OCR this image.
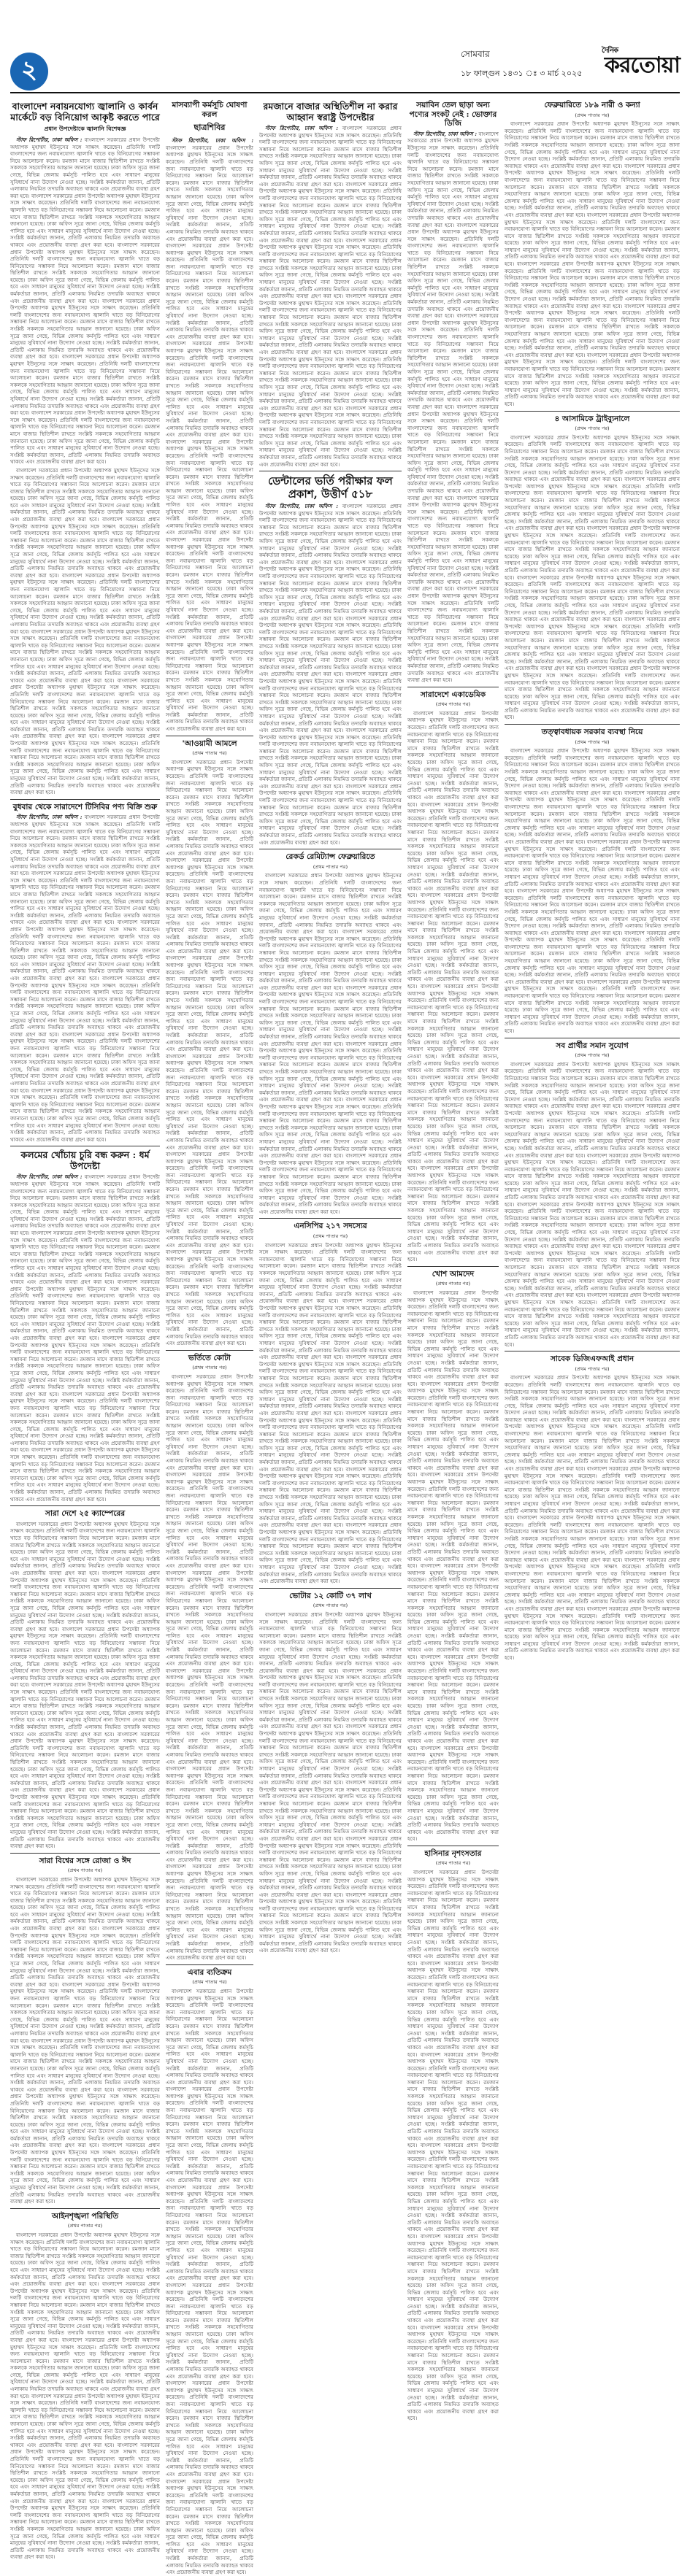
২
সোমবার
১৮ ফাল্গুন ১৪৩১ ঃ ৩ মার্চ ২০২৫
দৈনিক
করতোয়া
বাংলাদেশ নবায়নযোগ্য জ্বালানি ও কার্বন মার্কেটে বড় বিনিয়োগ আকৃষ্ট করতে পারে
প্রধান উপদেষ্টাকে জ্বালানি বিশেষজ্ঞ

স্টাফ রিপোর্টার, ঢাকা অফিস : বাংলাদেশ সরকারের প্রধান উপদেষ্টা অধ্যাপক মুহাম্মদ ইউনূসের সঙ্গে সাক্ষাৎ করেছেন। প্রতিনিধি দলটি বাংলাদেশের জন্য নবায়নযোগ্য জ্বালানি খাতে বড় বিনিয়োগের সম্ভাবনা নিয়ে আলোচনা করেন। রমজান মাসে বাজার স্থিতিশীল রাখতে সংশ্লিষ্ট সকলকে সহযোগিতার আহ্বান জানানো হয়েছে। ঢাকা অফিস সূত্রে জানা গেছে, বিভিন্ন জেলায় কর্মসূচি পালিত হবে এবং সাধারণ মানুষের সুবিধার্থে নানা উদ্যোগ নেওয়া হচ্ছে। সংশ্লিষ্ট কর্মকর্তারা জানান, প্রতিটি এলাকায় নিয়মিত তদারকি অব্যাহত থাকবে এবং প্রয়োজনীয় ব্যবস্থা গ্রহণ করা হবে। বাংলাদেশ সরকারের প্রধান উপদেষ্টা অধ্যাপক মুহাম্মদ ইউনূসের সঙ্গে সাক্ষাৎ করেছেন। প্রতিনিধি দলটি বাংলাদেশের জন্য নবায়নযোগ্য জ্বালানি খাতে বড় বিনিয়োগের সম্ভাবনা নিয়ে আলোচনা করেন। রমজান মাসে বাজার স্থিতিশীল রাখতে সংশ্লিষ্ট সকলকে সহযোগিতার আহ্বান জানানো হয়েছে। ঢাকা অফিস সূত্রে জানা গেছে, বিভিন্ন জেলায় কর্মসূচি পালিত হবে এবং সাধারণ মানুষের সুবিধার্থে নানা উদ্যোগ নেওয়া হচ্ছে। সংশ্লিষ্ট কর্মকর্তারা জানান, প্রতিটি এলাকায় নিয়মিত তদারকি অব্যাহত থাকবে এবং প্রয়োজনীয় ব্যবস্থা গ্রহণ করা হবে। বাংলাদেশ সরকারের প্রধান উপদেষ্টা অধ্যাপক মুহাম্মদ ইউনূসের সঙ্গে সাক্ষাৎ করেছেন। প্রতিনিধি দলটি বাংলাদেশের জন্য নবায়নযোগ্য জ্বালানি খাতে বড় বিনিয়োগের সম্ভাবনা নিয়ে আলোচনা করেন। রমজান মাসে বাজার স্থিতিশীল রাখতে সংশ্লিষ্ট সকলকে সহযোগিতার আহ্বান জানানো হয়েছে। ঢাকা অফিস সূত্রে জানা গেছে, বিভিন্ন জেলায় কর্মসূচি পালিত হবে এবং সাধারণ মানুষের সুবিধার্থে নানা উদ্যোগ নেওয়া হচ্ছে। সংশ্লিষ্ট কর্মকর্তারা জানান, প্রতিটি এলাকায় নিয়মিত তদারকি অব্যাহত থাকবে এবং প্রয়োজনীয় ব্যবস্থা গ্রহণ করা হবে। বাংলাদেশ সরকারের প্রধান উপদেষ্টা অধ্যাপক মুহাম্মদ ইউনূসের সঙ্গে সাক্ষাৎ করেছেন। প্রতিনিধি দলটি বাংলাদেশের জন্য নবায়নযোগ্য জ্বালানি খাতে বড় বিনিয়োগের সম্ভাবনা নিয়ে আলোচনা করেন। রমজান মাসে বাজার স্থিতিশীল রাখতে সংশ্লিষ্ট সকলকে সহযোগিতার আহ্বান জানানো হয়েছে। ঢাকা অফিস সূত্রে জানা গেছে, বিভিন্ন জেলায় কর্মসূচি পালিত হবে এবং সাধারণ মানুষের সুবিধার্থে নানা উদ্যোগ নেওয়া হচ্ছে। সংশ্লিষ্ট কর্মকর্তারা জানান, প্রতিটি এলাকায় নিয়মিত তদারকি অব্যাহত থাকবে এবং প্রয়োজনীয় ব্যবস্থা গ্রহণ করা হবে। বাংলাদেশ সরকারের প্রধান উপদেষ্টা অধ্যাপক মুহাম্মদ ইউনূসের সঙ্গে সাক্ষাৎ করেছেন। প্রতিনিধি দলটি বাংলাদেশের জন্য নবায়নযোগ্য জ্বালানি খাতে বড় বিনিয়োগের সম্ভাবনা নিয়ে আলোচনা করেন। রমজান মাসে বাজার স্থিতিশীল রাখতে সংশ্লিষ্ট সকলকে সহযোগিতার আহ্বান জানানো হয়েছে। ঢাকা অফিস সূত্রে জানা গেছে, বিভিন্ন জেলায় কর্মসূচি পালিত হবে এবং সাধারণ মানুষের সুবিধার্থে নানা উদ্যোগ নেওয়া হচ্ছে। সংশ্লিষ্ট কর্মকর্তারা জানান, প্রতিটি এলাকায় নিয়মিত তদারকি অব্যাহত থাকবে এবং প্রয়োজনীয় ব্যবস্থা গ্রহণ করা হবে। বাংলাদেশ সরকারের প্রধান উপদেষ্টা অধ্যাপক মুহাম্মদ ইউনূসের সঙ্গে সাক্ষাৎ করেছেন। প্রতিনিধি দলটি বাংলাদেশের জন্য নবায়নযোগ্য জ্বালানি খাতে বড় বিনিয়োগের সম্ভাবনা নিয়ে আলোচনা করেন। রমজান মাসে বাজার স্থিতিশীল রাখতে সংশ্লিষ্ট সকলকে সহযোগিতার আহ্বান জানানো হয়েছে। ঢাকা অফিস সূত্রে জানা গেছে, বিভিন্ন জেলায় কর্মসূচি পালিত হবে এবং সাধারণ মানুষের সুবিধার্থে নানা উদ্যোগ নেওয়া হচ্ছে। সংশ্লিষ্ট কর্মকর্তারা জানান, প্রতিটি এলাকায় নিয়মিত তদারকি অব্যাহত থাকবে এবং প্রয়োজনীয় ব্যবস্থা গ্রহণ করা হবে।

বাংলাদেশ সরকারের প্রধান উপদেষ্টা অধ্যাপক মুহাম্মদ ইউনূসের সঙ্গে সাক্ষাৎ করেছেন। প্রতিনিধি দলটি বাংলাদেশের জন্য নবায়নযোগ্য জ্বালানি খাতে বড় বিনিয়োগের সম্ভাবনা নিয়ে আলোচনা করেন। রমজান মাসে বাজার স্থিতিশীল রাখতে সংশ্লিষ্ট সকলকে সহযোগিতার আহ্বান জানানো হয়েছে। ঢাকা অফিস সূত্রে জানা গেছে, বিভিন্ন জেলায় কর্মসূচি পালিত হবে এবং সাধারণ মানুষের সুবিধার্থে নানা উদ্যোগ নেওয়া হচ্ছে। সংশ্লিষ্ট কর্মকর্তারা জানান, প্রতিটি এলাকায় নিয়মিত তদারকি অব্যাহত থাকবে এবং প্রয়োজনীয় ব্যবস্থা গ্রহণ করা হবে। বাংলাদেশ সরকারের প্রধান উপদেষ্টা অধ্যাপক মুহাম্মদ ইউনূসের সঙ্গে সাক্ষাৎ করেছেন। প্রতিনিধি দলটি বাংলাদেশের জন্য নবায়নযোগ্য জ্বালানি খাতে বড় বিনিয়োগের সম্ভাবনা নিয়ে আলোচনা করেন। রমজান মাসে বাজার স্থিতিশীল রাখতে সংশ্লিষ্ট সকলকে সহযোগিতার আহ্বান জানানো হয়েছে। ঢাকা অফিস সূত্রে জানা গেছে, বিভিন্ন জেলায় কর্মসূচি পালিত হবে এবং সাধারণ মানুষের সুবিধার্থে নানা উদ্যোগ নেওয়া হচ্ছে। সংশ্লিষ্ট কর্মকর্তারা জানান, প্রতিটি এলাকায় নিয়মিত তদারকি অব্যাহত থাকবে এবং প্রয়োজনীয় ব্যবস্থা গ্রহণ করা হবে। বাংলাদেশ সরকারের প্রধান উপদেষ্টা অধ্যাপক মুহাম্মদ ইউনূসের সঙ্গে সাক্ষাৎ করেছেন। প্রতিনিধি দলটি বাংলাদেশের জন্য নবায়নযোগ্য জ্বালানি খাতে বড় বিনিয়োগের সম্ভাবনা নিয়ে আলোচনা করেন। রমজান মাসে বাজার স্থিতিশীল রাখতে সংশ্লিষ্ট সকলকে সহযোগিতার আহ্বান জানানো হয়েছে। ঢাকা অফিস সূত্রে জানা গেছে, বিভিন্ন জেলায় কর্মসূচি পালিত হবে এবং সাধারণ মানুষের সুবিধার্থে নানা উদ্যোগ নেওয়া হচ্ছে। সংশ্লিষ্ট কর্মকর্তারা জানান, প্রতিটি এলাকায় নিয়মিত তদারকি অব্যাহত থাকবে এবং প্রয়োজনীয় ব্যবস্থা গ্রহণ করা হবে। বাংলাদেশ সরকারের প্রধান উপদেষ্টা অধ্যাপক মুহাম্মদ ইউনূসের সঙ্গে সাক্ষাৎ করেছেন। প্রতিনিধি দলটি বাংলাদেশের জন্য নবায়নযোগ্য জ্বালানি খাতে বড় বিনিয়োগের সম্ভাবনা নিয়ে আলোচনা করেন। রমজান মাসে বাজার স্থিতিশীল রাখতে সংশ্লিষ্ট সকলকে সহযোগিতার আহ্বান জানানো হয়েছে। ঢাকা অফিস সূত্রে জানা গেছে, বিভিন্ন জেলায় কর্মসূচি পালিত হবে এবং সাধারণ মানুষের সুবিধার্থে নানা উদ্যোগ নেওয়া হচ্ছে। সংশ্লিষ্ট কর্মকর্তারা জানান, প্রতিটি এলাকায় নিয়মিত তদারকি অব্যাহত থাকবে এবং প্রয়োজনীয় ব্যবস্থা গ্রহণ করা হবে। বাংলাদেশ সরকারের প্রধান উপদেষ্টা অধ্যাপক মুহাম্মদ ইউনূসের সঙ্গে সাক্ষাৎ করেছেন। প্রতিনিধি দলটি বাংলাদেশের জন্য নবায়নযোগ্য জ্বালানি খাতে বড় বিনিয়োগের সম্ভাবনা নিয়ে আলোচনা করেন। রমজান মাসে বাজার স্থিতিশীল রাখতে সংশ্লিষ্ট সকলকে সহযোগিতার আহ্বান জানানো হয়েছে। ঢাকা অফিস সূত্রে জানা গেছে, বিভিন্ন জেলায় কর্মসূচি পালিত হবে এবং সাধারণ মানুষের সুবিধার্থে নানা উদ্যোগ নেওয়া হচ্ছে। সংশ্লিষ্ট কর্মকর্তারা জানান, প্রতিটি এলাকায় নিয়মিত তদারকি অব্যাহত থাকবে এবং প্রয়োজনীয় ব্যবস্থা গ্রহণ করা হবে। বাংলাদেশ সরকারের প্রধান উপদেষ্টা অধ্যাপক মুহাম্মদ ইউনূসের সঙ্গে সাক্ষাৎ করেছেন। প্রতিনিধি দলটি বাংলাদেশের জন্য নবায়নযোগ্য জ্বালানি খাতে বড় বিনিয়োগের সম্ভাবনা নিয়ে আলোচনা করেন। রমজান মাসে বাজার স্থিতিশীল রাখতে সংশ্লিষ্ট সকলকে সহযোগিতার আহ্বান জানানো হয়েছে। ঢাকা অফিস সূত্রে জানা গেছে, বিভিন্ন জেলায় কর্মসূচি পালিত হবে এবং সাধারণ মানুষের সুবিধার্থে নানা উদ্যোগ নেওয়া হচ্ছে। সংশ্লিষ্ট কর্মকর্তারা জানান, প্রতিটি এলাকায় নিয়মিত তদারকি অব্যাহত থাকবে এবং প্রয়োজনীয় ব্যবস্থা গ্রহণ করা হবে।

বুধবার থেকে সারাদেশে টিসিবির পণ্য বিক্রি শুরু

স্টাফ রিপোর্টার, ঢাকা অফিস : বাংলাদেশ সরকারের প্রধান উপদেষ্টা অধ্যাপক মুহাম্মদ ইউনূসের সঙ্গে সাক্ষাৎ করেছেন। প্রতিনিধি দলটি বাংলাদেশের জন্য নবায়নযোগ্য জ্বালানি খাতে বড় বিনিয়োগের সম্ভাবনা নিয়ে আলোচনা করেন। রমজান মাসে বাজার স্থিতিশীল রাখতে সংশ্লিষ্ট সকলকে সহযোগিতার আহ্বান জানানো হয়েছে। ঢাকা অফিস সূত্রে জানা গেছে, বিভিন্ন জেলায় কর্মসূচি পালিত হবে এবং সাধারণ মানুষের সুবিধার্থে নানা উদ্যোগ নেওয়া হচ্ছে। সংশ্লিষ্ট কর্মকর্তারা জানান, প্রতিটি এলাকায় নিয়মিত তদারকি অব্যাহত থাকবে এবং প্রয়োজনীয় ব্যবস্থা গ্রহণ করা হবে। বাংলাদেশ সরকারের প্রধান উপদেষ্টা অধ্যাপক মুহাম্মদ ইউনূসের সঙ্গে সাক্ষাৎ করেছেন। প্রতিনিধি দলটি বাংলাদেশের জন্য নবায়নযোগ্য জ্বালানি খাতে বড় বিনিয়োগের সম্ভাবনা নিয়ে আলোচনা করেন। রমজান মাসে বাজার স্থিতিশীল রাখতে সংশ্লিষ্ট সকলকে সহযোগিতার আহ্বান জানানো হয়েছে। ঢাকা অফিস সূত্রে জানা গেছে, বিভিন্ন জেলায় কর্মসূচি পালিত হবে এবং সাধারণ মানুষের সুবিধার্থে নানা উদ্যোগ নেওয়া হচ্ছে। সংশ্লিষ্ট কর্মকর্তারা জানান, প্রতিটি এলাকায় নিয়মিত তদারকি অব্যাহত থাকবে এবং প্রয়োজনীয় ব্যবস্থা গ্রহণ করা হবে। বাংলাদেশ সরকারের প্রধান উপদেষ্টা অধ্যাপক মুহাম্মদ ইউনূসের সঙ্গে সাক্ষাৎ করেছেন। প্রতিনিধি দলটি বাংলাদেশের জন্য নবায়নযোগ্য জ্বালানি খাতে বড় বিনিয়োগের সম্ভাবনা নিয়ে আলোচনা করেন। রমজান মাসে বাজার স্থিতিশীল রাখতে সংশ্লিষ্ট সকলকে সহযোগিতার আহ্বান জানানো হয়েছে। ঢাকা অফিস সূত্রে জানা গেছে, বিভিন্ন জেলায় কর্মসূচি পালিত হবে এবং সাধারণ মানুষের সুবিধার্থে নানা উদ্যোগ নেওয়া হচ্ছে। সংশ্লিষ্ট কর্মকর্তারা জানান, প্রতিটি এলাকায় নিয়মিত তদারকি অব্যাহত থাকবে এবং প্রয়োজনীয় ব্যবস্থা গ্রহণ করা হবে। বাংলাদেশ সরকারের প্রধান উপদেষ্টা অধ্যাপক মুহাম্মদ ইউনূসের সঙ্গে সাক্ষাৎ করেছেন। প্রতিনিধি দলটি বাংলাদেশের জন্য নবায়নযোগ্য জ্বালানি খাতে বড় বিনিয়োগের সম্ভাবনা নিয়ে আলোচনা করেন। রমজান মাসে বাজার স্থিতিশীল রাখতে সংশ্লিষ্ট সকলকে সহযোগিতার আহ্বান জানানো হয়েছে। ঢাকা অফিস সূত্রে জানা গেছে, বিভিন্ন জেলায় কর্মসূচি পালিত হবে এবং সাধারণ মানুষের সুবিধার্থে নানা উদ্যোগ নেওয়া হচ্ছে। সংশ্লিষ্ট কর্মকর্তারা জানান, প্রতিটি এলাকায় নিয়মিত তদারকি অব্যাহত থাকবে এবং প্রয়োজনীয় ব্যবস্থা গ্রহণ করা হবে। বাংলাদেশ সরকারের প্রধান উপদেষ্টা অধ্যাপক মুহাম্মদ ইউনূসের সঙ্গে সাক্ষাৎ করেছেন। প্রতিনিধি দলটি বাংলাদেশের জন্য নবায়নযোগ্য জ্বালানি খাতে বড় বিনিয়োগের সম্ভাবনা নিয়ে আলোচনা করেন। রমজান মাসে বাজার স্থিতিশীল রাখতে সংশ্লিষ্ট সকলকে সহযোগিতার আহ্বান জানানো হয়েছে। ঢাকা অফিস সূত্রে জানা গেছে, বিভিন্ন জেলায় কর্মসূচি পালিত হবে এবং সাধারণ মানুষের সুবিধার্থে নানা উদ্যোগ নেওয়া হচ্ছে। সংশ্লিষ্ট কর্মকর্তারা জানান, প্রতিটি এলাকায় নিয়মিত তদারকি অব্যাহত থাকবে এবং প্রয়োজনীয় ব্যবস্থা গ্রহণ করা হবে। বাংলাদেশ সরকারের প্রধান উপদেষ্টা অধ্যাপক মুহাম্মদ ইউনূসের সঙ্গে সাক্ষাৎ করেছেন। প্রতিনিধি দলটি বাংলাদেশের জন্য নবায়নযোগ্য জ্বালানি খাতে বড় বিনিয়োগের সম্ভাবনা নিয়ে আলোচনা করেন। রমজান মাসে বাজার স্থিতিশীল রাখতে সংশ্লিষ্ট সকলকে সহযোগিতার আহ্বান জানানো হয়েছে। ঢাকা অফিস সূত্রে জানা গেছে, বিভিন্ন জেলায় কর্মসূচি পালিত হবে এবং সাধারণ মানুষের সুবিধার্থে নানা উদ্যোগ নেওয়া হচ্ছে। সংশ্লিষ্ট কর্মকর্তারা জানান, প্রতিটি এলাকায় নিয়মিত তদারকি অব্যাহত থাকবে এবং প্রয়োজনীয় ব্যবস্থা গ্রহণ করা হবে।

কলমের খোঁচায় চুরি বন্ধ করুন : ধর্ম উপদেষ্টা

স্টাফ রিপোর্টার, ঢাকা অফিস : বাংলাদেশ সরকারের প্রধান উপদেষ্টা অধ্যাপক মুহাম্মদ ইউনূসের সঙ্গে সাক্ষাৎ করেছেন। প্রতিনিধি দলটি বাংলাদেশের জন্য নবায়নযোগ্য জ্বালানি খাতে বড় বিনিয়োগের সম্ভাবনা নিয়ে আলোচনা করেন। রমজান মাসে বাজার স্থিতিশীল রাখতে সংশ্লিষ্ট সকলকে সহযোগিতার আহ্বান জানানো হয়েছে। ঢাকা অফিস সূত্রে জানা গেছে, বিভিন্ন জেলায় কর্মসূচি পালিত হবে এবং সাধারণ মানুষের সুবিধার্থে নানা উদ্যোগ নেওয়া হচ্ছে। সংশ্লিষ্ট কর্মকর্তারা জানান, প্রতিটি এলাকায় নিয়মিত তদারকি অব্যাহত থাকবে এবং প্রয়োজনীয় ব্যবস্থা গ্রহণ করা হবে। বাংলাদেশ সরকারের প্রধান উপদেষ্টা অধ্যাপক মুহাম্মদ ইউনূসের সঙ্গে সাক্ষাৎ করেছেন। প্রতিনিধি দলটি বাংলাদেশের জন্য নবায়নযোগ্য জ্বালানি খাতে বড় বিনিয়োগের সম্ভাবনা নিয়ে আলোচনা করেন। রমজান মাসে বাজার স্থিতিশীল রাখতে সংশ্লিষ্ট সকলকে সহযোগিতার আহ্বান জানানো হয়েছে। ঢাকা অফিস সূত্রে জানা গেছে, বিভিন্ন জেলায় কর্মসূচি পালিত হবে এবং সাধারণ মানুষের সুবিধার্থে নানা উদ্যোগ নেওয়া হচ্ছে। সংশ্লিষ্ট কর্মকর্তারা জানান, প্রতিটি এলাকায় নিয়মিত তদারকি অব্যাহত থাকবে এবং প্রয়োজনীয় ব্যবস্থা গ্রহণ করা হবে। বাংলাদেশ সরকারের প্রধান উপদেষ্টা অধ্যাপক মুহাম্মদ ইউনূসের সঙ্গে সাক্ষাৎ করেছেন। প্রতিনিধি দলটি বাংলাদেশের জন্য নবায়নযোগ্য জ্বালানি খাতে বড় বিনিয়োগের সম্ভাবনা নিয়ে আলোচনা করেন। রমজান মাসে বাজার স্থিতিশীল রাখতে সংশ্লিষ্ট সকলকে সহযোগিতার আহ্বান জানানো হয়েছে। ঢাকা অফিস সূত্রে জানা গেছে, বিভিন্ন জেলায় কর্মসূচি পালিত হবে এবং সাধারণ মানুষের সুবিধার্থে নানা উদ্যোগ নেওয়া হচ্ছে। সংশ্লিষ্ট কর্মকর্তারা জানান, প্রতিটি এলাকায় নিয়মিত তদারকি অব্যাহত থাকবে এবং প্রয়োজনীয় ব্যবস্থা গ্রহণ করা হবে। বাংলাদেশ সরকারের প্রধান উপদেষ্টা অধ্যাপক মুহাম্মদ ইউনূসের সঙ্গে সাক্ষাৎ করেছেন। প্রতিনিধি দলটি বাংলাদেশের জন্য নবায়নযোগ্য জ্বালানি খাতে বড় বিনিয়োগের সম্ভাবনা নিয়ে আলোচনা করেন। রমজান মাসে বাজার স্থিতিশীল রাখতে সংশ্লিষ্ট সকলকে সহযোগিতার আহ্বান জানানো হয়েছে। ঢাকা অফিস সূত্রে জানা গেছে, বিভিন্ন জেলায় কর্মসূচি পালিত হবে এবং সাধারণ মানুষের সুবিধার্থে নানা উদ্যোগ নেওয়া হচ্ছে। সংশ্লিষ্ট কর্মকর্তারা জানান, প্রতিটি এলাকায় নিয়মিত তদারকি অব্যাহত থাকবে এবং প্রয়োজনীয় ব্যবস্থা গ্রহণ করা হবে। বাংলাদেশ সরকারের প্রধান উপদেষ্টা অধ্যাপক মুহাম্মদ ইউনূসের সঙ্গে সাক্ষাৎ করেছেন। প্রতিনিধি দলটি বাংলাদেশের জন্য নবায়নযোগ্য জ্বালানি খাতে বড় বিনিয়োগের সম্ভাবনা নিয়ে আলোচনা করেন। রমজান মাসে বাজার স্থিতিশীল রাখতে সংশ্লিষ্ট সকলকে সহযোগিতার আহ্বান জানানো হয়েছে। ঢাকা অফিস সূত্রে জানা গেছে, বিভিন্ন জেলায় কর্মসূচি পালিত হবে এবং সাধারণ মানুষের সুবিধার্থে নানা উদ্যোগ নেওয়া হচ্ছে। সংশ্লিষ্ট কর্মকর্তারা জানান, প্রতিটি এলাকায় নিয়মিত তদারকি অব্যাহত থাকবে এবং প্রয়োজনীয় ব্যবস্থা গ্রহণ করা হবে। বাংলাদেশ সরকারের প্রধান উপদেষ্টা অধ্যাপক মুহাম্মদ ইউনূসের সঙ্গে সাক্ষাৎ করেছেন। প্রতিনিধি দলটি বাংলাদেশের জন্য নবায়নযোগ্য জ্বালানি খাতে বড় বিনিয়োগের সম্ভাবনা নিয়ে আলোচনা করেন। রমজান মাসে বাজার স্থিতিশীল রাখতে সংশ্লিষ্ট সকলকে সহযোগিতার আহ্বান জানানো হয়েছে। ঢাকা অফিস সূত্রে জানা গেছে, বিভিন্ন জেলায় কর্মসূচি পালিত হবে এবং সাধারণ মানুষের সুবিধার্থে নানা উদ্যোগ নেওয়া হচ্ছে। সংশ্লিষ্ট কর্মকর্তারা জানান, প্রতিটি এলাকায় নিয়মিত তদারকি অব্যাহত থাকবে এবং প্রয়োজনীয় ব্যবস্থা গ্রহণ করা হবে।

সারা দেশে ২৫ ক্যাম্পেরের

বাংলাদেশ সরকারের প্রধান উপদেষ্টা অধ্যাপক মুহাম্মদ ইউনূসের সঙ্গে সাক্ষাৎ করেছেন। প্রতিনিধি দলটি বাংলাদেশের জন্য নবায়নযোগ্য জ্বালানি খাতে বড় বিনিয়োগের সম্ভাবনা নিয়ে আলোচনা করেন। রমজান মাসে বাজার স্থিতিশীল রাখতে সংশ্লিষ্ট সকলকে সহযোগিতার আহ্বান জানানো হয়েছে। ঢাকা অফিস সূত্রে জানা গেছে, বিভিন্ন জেলায় কর্মসূচি পালিত হবে এবং সাধারণ মানুষের সুবিধার্থে নানা উদ্যোগ নেওয়া হচ্ছে। সংশ্লিষ্ট কর্মকর্তারা জানান, প্রতিটি এলাকায় নিয়মিত তদারকি অব্যাহত থাকবে এবং প্রয়োজনীয় ব্যবস্থা গ্রহণ করা হবে। বাংলাদেশ সরকারের প্রধান উপদেষ্টা অধ্যাপক মুহাম্মদ ইউনূসের সঙ্গে সাক্ষাৎ করেছেন। প্রতিনিধি দলটি বাংলাদেশের জন্য নবায়নযোগ্য জ্বালানি খাতে বড় বিনিয়োগের সম্ভাবনা নিয়ে আলোচনা করেন। রমজান মাসে বাজার স্থিতিশীল রাখতে সংশ্লিষ্ট সকলকে সহযোগিতার আহ্বান জানানো হয়েছে। ঢাকা অফিস সূত্রে জানা গেছে, বিভিন্ন জেলায় কর্মসূচি পালিত হবে এবং সাধারণ মানুষের সুবিধার্থে নানা উদ্যোগ নেওয়া হচ্ছে। সংশ্লিষ্ট কর্মকর্তারা জানান, প্রতিটি এলাকায় নিয়মিত তদারকি অব্যাহত থাকবে এবং প্রয়োজনীয় ব্যবস্থা গ্রহণ করা হবে। বাংলাদেশ সরকারের প্রধান উপদেষ্টা অধ্যাপক মুহাম্মদ ইউনূসের সঙ্গে সাক্ষাৎ করেছেন। প্রতিনিধি দলটি বাংলাদেশের জন্য নবায়নযোগ্য জ্বালানি খাতে বড় বিনিয়োগের সম্ভাবনা নিয়ে আলোচনা করেন। রমজান মাসে বাজার স্থিতিশীল রাখতে সংশ্লিষ্ট সকলকে সহযোগিতার আহ্বান জানানো হয়েছে। ঢাকা অফিস সূত্রে জানা গেছে, বিভিন্ন জেলায় কর্মসূচি পালিত হবে এবং সাধারণ মানুষের সুবিধার্থে নানা উদ্যোগ নেওয়া হচ্ছে। সংশ্লিষ্ট কর্মকর্তারা জানান, প্রতিটি এলাকায় নিয়মিত তদারকি অব্যাহত থাকবে এবং প্রয়োজনীয় ব্যবস্থা গ্রহণ করা হবে। বাংলাদেশ সরকারের প্রধান উপদেষ্টা অধ্যাপক মুহাম্মদ ইউনূসের সঙ্গে সাক্ষাৎ করেছেন। প্রতিনিধি দলটি বাংলাদেশের জন্য নবায়নযোগ্য জ্বালানি খাতে বড় বিনিয়োগের সম্ভাবনা নিয়ে আলোচনা করেন। রমজান মাসে বাজার স্থিতিশীল রাখতে সংশ্লিষ্ট সকলকে সহযোগিতার আহ্বান জানানো হয়েছে। ঢাকা অফিস সূত্রে জানা গেছে, বিভিন্ন জেলায় কর্মসূচি পালিত হবে এবং সাধারণ মানুষের সুবিধার্থে নানা উদ্যোগ নেওয়া হচ্ছে। সংশ্লিষ্ট কর্মকর্তারা জানান, প্রতিটি এলাকায় নিয়মিত তদারকি অব্যাহত থাকবে এবং প্রয়োজনীয় ব্যবস্থা গ্রহণ করা হবে। বাংলাদেশ সরকারের প্রধান উপদেষ্টা অধ্যাপক মুহাম্মদ ইউনূসের সঙ্গে সাক্ষাৎ করেছেন। প্রতিনিধি দলটি বাংলাদেশের জন্য নবায়নযোগ্য জ্বালানি খাতে বড় বিনিয়োগের সম্ভাবনা নিয়ে আলোচনা করেন। রমজান মাসে বাজার স্থিতিশীল রাখতে সংশ্লিষ্ট সকলকে সহযোগিতার আহ্বান জানানো হয়েছে। ঢাকা অফিস সূত্রে জানা গেছে, বিভিন্ন জেলায় কর্মসূচি পালিত হবে এবং সাধারণ মানুষের সুবিধার্থে নানা উদ্যোগ নেওয়া হচ্ছে। সংশ্লিষ্ট কর্মকর্তারা জানান, প্রতিটি এলাকায় নিয়মিত তদারকি অব্যাহত থাকবে এবং প্রয়োজনীয় ব্যবস্থা গ্রহণ করা হবে। বাংলাদেশ সরকারের প্রধান উপদেষ্টা অধ্যাপক মুহাম্মদ ইউনূসের সঙ্গে সাক্ষাৎ করেছেন। প্রতিনিধি দলটি বাংলাদেশের জন্য নবায়নযোগ্য জ্বালানি খাতে বড় বিনিয়োগের সম্ভাবনা নিয়ে আলোচনা করেন। রমজান মাসে বাজার স্থিতিশীল রাখতে সংশ্লিষ্ট সকলকে সহযোগিতার আহ্বান জানানো হয়েছে। ঢাকা অফিস সূত্রে জানা গেছে, বিভিন্ন জেলায় কর্মসূচি পালিত হবে এবং সাধারণ মানুষের সুবিধার্থে নানা উদ্যোগ নেওয়া হচ্ছে। সংশ্লিষ্ট কর্মকর্তারা জানান, প্রতিটি এলাকায় নিয়মিত তদারকি অব্যাহত থাকবে এবং প্রয়োজনীয় ব্যবস্থা গ্রহণ করা হবে।

সারা বিশ্বের সঙ্গে রোজা ও ঈদ
(প্রথম পাতার পর)

বাংলাদেশ সরকারের প্রধান উপদেষ্টা অধ্যাপক মুহাম্মদ ইউনূসের সঙ্গে সাক্ষাৎ করেছেন। প্রতিনিধি দলটি বাংলাদেশের জন্য নবায়নযোগ্য জ্বালানি খাতে বড় বিনিয়োগের সম্ভাবনা নিয়ে আলোচনা করেন। রমজান মাসে বাজার স্থিতিশীল রাখতে সংশ্লিষ্ট সকলকে সহযোগিতার আহ্বান জানানো হয়েছে। ঢাকা অফিস সূত্রে জানা গেছে, বিভিন্ন জেলায় কর্মসূচি পালিত হবে এবং সাধারণ মানুষের সুবিধার্থে নানা উদ্যোগ নেওয়া হচ্ছে। সংশ্লিষ্ট কর্মকর্তারা জানান, প্রতিটি এলাকায় নিয়মিত তদারকি অব্যাহত থাকবে এবং প্রয়োজনীয় ব্যবস্থা গ্রহণ করা হবে। বাংলাদেশ সরকারের প্রধান উপদেষ্টা অধ্যাপক মুহাম্মদ ইউনূসের সঙ্গে সাক্ষাৎ করেছেন। প্রতিনিধি দলটি বাংলাদেশের জন্য নবায়নযোগ্য জ্বালানি খাতে বড় বিনিয়োগের সম্ভাবনা নিয়ে আলোচনা করেন। রমজান মাসে বাজার স্থিতিশীল রাখতে সংশ্লিষ্ট সকলকে সহযোগিতার আহ্বান জানানো হয়েছে। ঢাকা অফিস সূত্রে জানা গেছে, বিভিন্ন জেলায় কর্মসূচি পালিত হবে এবং সাধারণ মানুষের সুবিধার্থে নানা উদ্যোগ নেওয়া হচ্ছে। সংশ্লিষ্ট কর্মকর্তারা জানান, প্রতিটি এলাকায় নিয়মিত তদারকি অব্যাহত থাকবে এবং প্রয়োজনীয় ব্যবস্থা গ্রহণ করা হবে। বাংলাদেশ সরকারের প্রধান উপদেষ্টা অধ্যাপক মুহাম্মদ ইউনূসের সঙ্গে সাক্ষাৎ করেছেন। প্রতিনিধি দলটি বাংলাদেশের জন্য নবায়নযোগ্য জ্বালানি খাতে বড় বিনিয়োগের সম্ভাবনা নিয়ে আলোচনা করেন। রমজান মাসে বাজার স্থিতিশীল রাখতে সংশ্লিষ্ট সকলকে সহযোগিতার আহ্বান জানানো হয়েছে। ঢাকা অফিস সূত্রে জানা গেছে, বিভিন্ন জেলায় কর্মসূচি পালিত হবে এবং সাধারণ মানুষের সুবিধার্থে নানা উদ্যোগ নেওয়া হচ্ছে। সংশ্লিষ্ট কর্মকর্তারা জানান, প্রতিটি এলাকায় নিয়মিত তদারকি অব্যাহত থাকবে এবং প্রয়োজনীয় ব্যবস্থা গ্রহণ করা হবে। বাংলাদেশ সরকারের প্রধান উপদেষ্টা অধ্যাপক মুহাম্মদ ইউনূসের সঙ্গে সাক্ষাৎ করেছেন। প্রতিনিধি দলটি বাংলাদেশের জন্য নবায়নযোগ্য জ্বালানি খাতে বড় বিনিয়োগের সম্ভাবনা নিয়ে আলোচনা করেন। রমজান মাসে বাজার স্থিতিশীল রাখতে সংশ্লিষ্ট সকলকে সহযোগিতার আহ্বান জানানো হয়েছে। ঢাকা অফিস সূত্রে জানা গেছে, বিভিন্ন জেলায় কর্মসূচি পালিত হবে এবং সাধারণ মানুষের সুবিধার্থে নানা উদ্যোগ নেওয়া হচ্ছে। সংশ্লিষ্ট কর্মকর্তারা জানান, প্রতিটি এলাকায় নিয়মিত তদারকি অব্যাহত থাকবে এবং প্রয়োজনীয় ব্যবস্থা গ্রহণ করা হবে। বাংলাদেশ সরকারের প্রধান উপদেষ্টা অধ্যাপক মুহাম্মদ ইউনূসের সঙ্গে সাক্ষাৎ করেছেন। প্রতিনিধি দলটি বাংলাদেশের জন্য নবায়নযোগ্য জ্বালানি খাতে বড় বিনিয়োগের সম্ভাবনা নিয়ে আলোচনা করেন। রমজান মাসে বাজার স্থিতিশীল রাখতে সংশ্লিষ্ট সকলকে সহযোগিতার আহ্বান জানানো হয়েছে। ঢাকা অফিস সূত্রে জানা গেছে, বিভিন্ন জেলায় কর্মসূচি পালিত হবে এবং সাধারণ মানুষের সুবিধার্থে নানা উদ্যোগ নেওয়া হচ্ছে। সংশ্লিষ্ট কর্মকর্তারা জানান, প্রতিটি এলাকায় নিয়মিত তদারকি অব্যাহত থাকবে এবং প্রয়োজনীয় ব্যবস্থা গ্রহণ করা হবে। বাংলাদেশ সরকারের প্রধান উপদেষ্টা অধ্যাপক মুহাম্মদ ইউনূসের সঙ্গে সাক্ষাৎ করেছেন। প্রতিনিধি দলটি বাংলাদেশের জন্য নবায়নযোগ্য জ্বালানি খাতে বড় বিনিয়োগের সম্ভাবনা নিয়ে আলোচনা করেন। রমজান মাসে বাজার স্থিতিশীল রাখতে সংশ্লিষ্ট সকলকে সহযোগিতার আহ্বান জানানো হয়েছে। ঢাকা অফিস সূত্রে জানা গেছে, বিভিন্ন জেলায় কর্মসূচি পালিত হবে এবং সাধারণ মানুষের সুবিধার্থে নানা উদ্যোগ নেওয়া হচ্ছে। সংশ্লিষ্ট কর্মকর্তারা জানান, প্রতিটি এলাকায় নিয়মিত তদারকি অব্যাহত থাকবে এবং প্রয়োজনীয় ব্যবস্থা গ্রহণ করা হবে।

আইনশৃঙ্খলা পরিস্থিতি
(প্রথম পাতার পর)

বাংলাদেশ সরকারের প্রধান উপদেষ্টা অধ্যাপক মুহাম্মদ ইউনূসের সঙ্গে সাক্ষাৎ করেছেন। প্রতিনিধি দলটি বাংলাদেশের জন্য নবায়নযোগ্য জ্বালানি খাতে বড় বিনিয়োগের সম্ভাবনা নিয়ে আলোচনা করেন। রমজান মাসে বাজার স্থিতিশীল রাখতে সংশ্লিষ্ট সকলকে সহযোগিতার আহ্বান জানানো হয়েছে। ঢাকা অফিস সূত্রে জানা গেছে, বিভিন্ন জেলায় কর্মসূচি পালিত হবে এবং সাধারণ মানুষের সুবিধার্থে নানা উদ্যোগ নেওয়া হচ্ছে। সংশ্লিষ্ট কর্মকর্তারা জানান, প্রতিটি এলাকায় নিয়মিত তদারকি অব্যাহত থাকবে এবং প্রয়োজনীয় ব্যবস্থা গ্রহণ করা হবে। বাংলাদেশ সরকারের প্রধান উপদেষ্টা অধ্যাপক মুহাম্মদ ইউনূসের সঙ্গে সাক্ষাৎ করেছেন। প্রতিনিধি দলটি বাংলাদেশের জন্য নবায়নযোগ্য জ্বালানি খাতে বড় বিনিয়োগের সম্ভাবনা নিয়ে আলোচনা করেন। রমজান মাসে বাজার স্থিতিশীল রাখতে সংশ্লিষ্ট সকলকে সহযোগিতার আহ্বান জানানো হয়েছে। ঢাকা অফিস সূত্রে জানা গেছে, বিভিন্ন জেলায় কর্মসূচি পালিত হবে এবং সাধারণ মানুষের সুবিধার্থে নানা উদ্যোগ নেওয়া হচ্ছে। সংশ্লিষ্ট কর্মকর্তারা জানান, প্রতিটি এলাকায় নিয়মিত তদারকি অব্যাহত থাকবে এবং প্রয়োজনীয় ব্যবস্থা গ্রহণ করা হবে। বাংলাদেশ সরকারের প্রধান উপদেষ্টা অধ্যাপক মুহাম্মদ ইউনূসের সঙ্গে সাক্ষাৎ করেছেন। প্রতিনিধি দলটি বাংলাদেশের জন্য নবায়নযোগ্য জ্বালানি খাতে বড় বিনিয়োগের সম্ভাবনা নিয়ে আলোচনা করেন। রমজান মাসে বাজার স্থিতিশীল রাখতে সংশ্লিষ্ট সকলকে সহযোগিতার আহ্বান জানানো হয়েছে। ঢাকা অফিস সূত্রে জানা গেছে, বিভিন্ন জেলায় কর্মসূচি পালিত হবে এবং সাধারণ মানুষের সুবিধার্থে নানা উদ্যোগ নেওয়া হচ্ছে। সংশ্লিষ্ট কর্মকর্তারা জানান, প্রতিটি এলাকায় নিয়মিত তদারকি অব্যাহত থাকবে এবং প্রয়োজনীয় ব্যবস্থা গ্রহণ করা হবে। বাংলাদেশ সরকারের প্রধান উপদেষ্টা অধ্যাপক মুহাম্মদ ইউনূসের সঙ্গে সাক্ষাৎ করেছেন। প্রতিনিধি দলটি বাংলাদেশের জন্য নবায়নযোগ্য জ্বালানি খাতে বড় বিনিয়োগের সম্ভাবনা নিয়ে আলোচনা করেন। রমজান মাসে বাজার স্থিতিশীল রাখতে সংশ্লিষ্ট সকলকে সহযোগিতার আহ্বান জানানো হয়েছে। ঢাকা অফিস সূত্রে জানা গেছে, বিভিন্ন জেলায় কর্মসূচি পালিত হবে এবং সাধারণ মানুষের সুবিধার্থে নানা উদ্যোগ নেওয়া হচ্ছে। সংশ্লিষ্ট কর্মকর্তারা জানান, প্রতিটি এলাকায় নিয়মিত তদারকি অব্যাহত থাকবে এবং প্রয়োজনীয় ব্যবস্থা গ্রহণ করা হবে। বাংলাদেশ সরকারের প্রধান উপদেষ্টা অধ্যাপক মুহাম্মদ ইউনূসের সঙ্গে সাক্ষাৎ করেছেন। প্রতিনিধি দলটি বাংলাদেশের জন্য নবায়নযোগ্য জ্বালানি খাতে বড় বিনিয়োগের সম্ভাবনা নিয়ে আলোচনা করেন। রমজান মাসে বাজার স্থিতিশীল রাখতে সংশ্লিষ্ট সকলকে সহযোগিতার আহ্বান জানানো হয়েছে। ঢাকা অফিস সূত্রে জানা গেছে, বিভিন্ন জেলায় কর্মসূচি পালিত হবে এবং সাধারণ মানুষের সুবিধার্থে নানা উদ্যোগ নেওয়া হচ্ছে। সংশ্লিষ্ট কর্মকর্তারা জানান, প্রতিটি এলাকায় নিয়মিত তদারকি অব্যাহত থাকবে এবং প্রয়োজনীয় ব্যবস্থা গ্রহণ করা হবে। বাংলাদেশ সরকারের প্রধান উপদেষ্টা অধ্যাপক মুহাম্মদ ইউনূসের সঙ্গে সাক্ষাৎ করেছেন। প্রতিনিধি দলটি বাংলাদেশের জন্য নবায়নযোগ্য জ্বালানি খাতে বড় বিনিয়োগের সম্ভাবনা নিয়ে আলোচনা করেন। রমজান মাসে বাজার স্থিতিশীল রাখতে সংশ্লিষ্ট সকলকে সহযোগিতার আহ্বান জানানো হয়েছে। ঢাকা অফিস সূত্রে জানা গেছে, বিভিন্ন জেলায় কর্মসূচি পালিত হবে এবং সাধারণ মানুষের সুবিধার্থে নানা উদ্যোগ নেওয়া হচ্ছে। সংশ্লিষ্ট কর্মকর্তারা জানান, প্রতিটি এলাকায় নিয়মিত তদারকি অব্যাহত থাকবে এবং প্রয়োজনীয় ব্যবস্থা গ্রহণ করা হবে।

মাসব্যাপী কর্মসূচি ঘোষণা করল
ছাত্রশিবির

স্টাফ রিপোর্টার, ঢাকা অফিস : বাংলাদেশ সরকারের প্রধান উপদেষ্টা অধ্যাপক মুহাম্মদ ইউনূসের সঙ্গে সাক্ষাৎ করেছেন। প্রতিনিধি দলটি বাংলাদেশের জন্য নবায়নযোগ্য জ্বালানি খাতে বড় বিনিয়োগের সম্ভাবনা নিয়ে আলোচনা করেন। রমজান মাসে বাজার স্থিতিশীল রাখতে সংশ্লিষ্ট সকলকে সহযোগিতার আহ্বান জানানো হয়েছে। ঢাকা অফিস সূত্রে জানা গেছে, বিভিন্ন জেলায় কর্মসূচি পালিত হবে এবং সাধারণ মানুষের সুবিধার্থে নানা উদ্যোগ নেওয়া হচ্ছে। সংশ্লিষ্ট কর্মকর্তারা জানান, প্রতিটি এলাকায় নিয়মিত তদারকি অব্যাহত থাকবে এবং প্রয়োজনীয় ব্যবস্থা গ্রহণ করা হবে। বাংলাদেশ সরকারের প্রধান উপদেষ্টা অধ্যাপক মুহাম্মদ ইউনূসের সঙ্গে সাক্ষাৎ করেছেন। প্রতিনিধি দলটি বাংলাদেশের জন্য নবায়নযোগ্য জ্বালানি খাতে বড় বিনিয়োগের সম্ভাবনা নিয়ে আলোচনা করেন। রমজান মাসে বাজার স্থিতিশীল রাখতে সংশ্লিষ্ট সকলকে সহযোগিতার আহ্বান জানানো হয়েছে। ঢাকা অফিস সূত্রে জানা গেছে, বিভিন্ন জেলায় কর্মসূচি পালিত হবে এবং সাধারণ মানুষের সুবিধার্থে নানা উদ্যোগ নেওয়া হচ্ছে। সংশ্লিষ্ট কর্মকর্তারা জানান, প্রতিটি এলাকায় নিয়মিত তদারকি অব্যাহত থাকবে এবং প্রয়োজনীয় ব্যবস্থা গ্রহণ করা হবে। বাংলাদেশ সরকারের প্রধান উপদেষ্টা অধ্যাপক মুহাম্মদ ইউনূসের সঙ্গে সাক্ষাৎ করেছেন। প্রতিনিধি দলটি বাংলাদেশের জন্য নবায়নযোগ্য জ্বালানি খাতে বড় বিনিয়োগের সম্ভাবনা নিয়ে আলোচনা করেন। রমজান মাসে বাজার স্থিতিশীল রাখতে সংশ্লিষ্ট সকলকে সহযোগিতার আহ্বান জানানো হয়েছে। ঢাকা অফিস সূত্রে জানা গেছে, বিভিন্ন জেলায় কর্মসূচি পালিত হবে এবং সাধারণ মানুষের সুবিধার্থে নানা উদ্যোগ নেওয়া হচ্ছে। সংশ্লিষ্ট কর্মকর্তারা জানান, প্রতিটি এলাকায় নিয়মিত তদারকি অব্যাহত থাকবে এবং প্রয়োজনীয় ব্যবস্থা গ্রহণ করা হবে। বাংলাদেশ সরকারের প্রধান উপদেষ্টা অধ্যাপক মুহাম্মদ ইউনূসের সঙ্গে সাক্ষাৎ করেছেন। প্রতিনিধি দলটি বাংলাদেশের জন্য নবায়নযোগ্য জ্বালানি খাতে বড় বিনিয়োগের সম্ভাবনা নিয়ে আলোচনা করেন। রমজান মাসে বাজার স্থিতিশীল রাখতে সংশ্লিষ্ট সকলকে সহযোগিতার আহ্বান জানানো হয়েছে। ঢাকা অফিস সূত্রে জানা গেছে, বিভিন্ন জেলায় কর্মসূচি পালিত হবে এবং সাধারণ মানুষের সুবিধার্থে নানা উদ্যোগ নেওয়া হচ্ছে। সংশ্লিষ্ট কর্মকর্তারা জানান, প্রতিটি এলাকায় নিয়মিত তদারকি অব্যাহত থাকবে এবং প্রয়োজনীয় ব্যবস্থা গ্রহণ করা হবে। বাংলাদেশ সরকারের প্রধান উপদেষ্টা অধ্যাপক মুহাম্মদ ইউনূসের সঙ্গে সাক্ষাৎ করেছেন। প্রতিনিধি দলটি বাংলাদেশের জন্য নবায়নযোগ্য জ্বালানি খাতে বড় বিনিয়োগের সম্ভাবনা নিয়ে আলোচনা করেন। রমজান মাসে বাজার স্থিতিশীল রাখতে সংশ্লিষ্ট সকলকে সহযোগিতার আহ্বান জানানো হয়েছে। ঢাকা অফিস সূত্রে জানা গেছে, বিভিন্ন জেলায় কর্মসূচি পালিত হবে এবং সাধারণ মানুষের সুবিধার্থে নানা উদ্যোগ নেওয়া হচ্ছে। সংশ্লিষ্ট কর্মকর্তারা জানান, প্রতিটি এলাকায় নিয়মিত তদারকি অব্যাহত থাকবে এবং প্রয়োজনীয় ব্যবস্থা গ্রহণ করা হবে। বাংলাদেশ সরকারের প্রধান উপদেষ্টা অধ্যাপক মুহাম্মদ ইউনূসের সঙ্গে সাক্ষাৎ করেছেন। প্রতিনিধি দলটি বাংলাদেশের জন্য নবায়নযোগ্য জ্বালানি খাতে বড় বিনিয়োগের সম্ভাবনা নিয়ে আলোচনা করেন। রমজান মাসে বাজার স্থিতিশীল রাখতে সংশ্লিষ্ট সকলকে সহযোগিতার আহ্বান জানানো হয়েছে। ঢাকা অফিস সূত্রে জানা গেছে, বিভিন্ন জেলায় কর্মসূচি পালিত হবে এবং সাধারণ মানুষের সুবিধার্থে নানা উদ্যোগ নেওয়া হচ্ছে। সংশ্লিষ্ট কর্মকর্তারা জানান, প্রতিটি এলাকায় নিয়মিত তদারকি অব্যাহত থাকবে এবং প্রয়োজনীয় ব্যবস্থা গ্রহণ করা হবে।

'আওয়ামী আমলে
(প্রথম পাতার পর)

বাংলাদেশ সরকারের প্রধান উপদেষ্টা অধ্যাপক মুহাম্মদ ইউনূসের সঙ্গে সাক্ষাৎ করেছেন। প্রতিনিধি দলটি বাংলাদেশের জন্য নবায়নযোগ্য জ্বালানি খাতে বড় বিনিয়োগের সম্ভাবনা নিয়ে আলোচনা করেন। রমজান মাসে বাজার স্থিতিশীল রাখতে সংশ্লিষ্ট সকলকে সহযোগিতার আহ্বান জানানো হয়েছে। ঢাকা অফিস সূত্রে জানা গেছে, বিভিন্ন জেলায় কর্মসূচি পালিত হবে এবং সাধারণ মানুষের সুবিধার্থে নানা উদ্যোগ নেওয়া হচ্ছে। সংশ্লিষ্ট কর্মকর্তারা জানান, প্রতিটি এলাকায় নিয়মিত তদারকি অব্যাহত থাকবে এবং প্রয়োজনীয় ব্যবস্থা গ্রহণ করা হবে। বাংলাদেশ সরকারের প্রধান উপদেষ্টা অধ্যাপক মুহাম্মদ ইউনূসের সঙ্গে সাক্ষাৎ করেছেন। প্রতিনিধি দলটি বাংলাদেশের জন্য নবায়নযোগ্য জ্বালানি খাতে বড় বিনিয়োগের সম্ভাবনা নিয়ে আলোচনা করেন। রমজান মাসে বাজার স্থিতিশীল রাখতে সংশ্লিষ্ট সকলকে সহযোগিতার আহ্বান জানানো হয়েছে। ঢাকা অফিস সূত্রে জানা গেছে, বিভিন্ন জেলায় কর্মসূচি পালিত হবে এবং সাধারণ মানুষের সুবিধার্থে নানা উদ্যোগ নেওয়া হচ্ছে। সংশ্লিষ্ট কর্মকর্তারা জানান, প্রতিটি এলাকায় নিয়মিত তদারকি অব্যাহত থাকবে এবং প্রয়োজনীয় ব্যবস্থা গ্রহণ করা হবে। বাংলাদেশ সরকারের প্রধান উপদেষ্টা অধ্যাপক মুহাম্মদ ইউনূসের সঙ্গে সাক্ষাৎ করেছেন। প্রতিনিধি দলটি বাংলাদেশের জন্য নবায়নযোগ্য জ্বালানি খাতে বড় বিনিয়োগের সম্ভাবনা নিয়ে আলোচনা করেন। রমজান মাসে বাজার স্থিতিশীল রাখতে সংশ্লিষ্ট সকলকে সহযোগিতার আহ্বান জানানো হয়েছে। ঢাকা অফিস সূত্রে জানা গেছে, বিভিন্ন জেলায় কর্মসূচি পালিত হবে এবং সাধারণ মানুষের সুবিধার্থে নানা উদ্যোগ নেওয়া হচ্ছে। সংশ্লিষ্ট কর্মকর্তারা জানান, প্রতিটি এলাকায় নিয়মিত তদারকি অব্যাহত থাকবে এবং প্রয়োজনীয় ব্যবস্থা গ্রহণ করা হবে। বাংলাদেশ সরকারের প্রধান উপদেষ্টা অধ্যাপক মুহাম্মদ ইউনূসের সঙ্গে সাক্ষাৎ করেছেন। প্রতিনিধি দলটি বাংলাদেশের জন্য নবায়নযোগ্য জ্বালানি খাতে বড় বিনিয়োগের সম্ভাবনা নিয়ে আলোচনা করেন। রমজান মাসে বাজার স্থিতিশীল রাখতে সংশ্লিষ্ট সকলকে সহযোগিতার আহ্বান জানানো হয়েছে। ঢাকা অফিস সূত্রে জানা গেছে, বিভিন্ন জেলায় কর্মসূচি পালিত হবে এবং সাধারণ মানুষের সুবিধার্থে নানা উদ্যোগ নেওয়া হচ্ছে। সংশ্লিষ্ট কর্মকর্তারা জানান, প্রতিটি এলাকায় নিয়মিত তদারকি অব্যাহত থাকবে এবং প্রয়োজনীয় ব্যবস্থা গ্রহণ করা হবে। বাংলাদেশ সরকারের প্রধান উপদেষ্টা অধ্যাপক মুহাম্মদ ইউনূসের সঙ্গে সাক্ষাৎ করেছেন। প্রতিনিধি দলটি বাংলাদেশের জন্য নবায়নযোগ্য জ্বালানি খাতে বড় বিনিয়োগের সম্ভাবনা নিয়ে আলোচনা করেন। রমজান মাসে বাজার স্থিতিশীল রাখতে সংশ্লিষ্ট সকলকে সহযোগিতার আহ্বান জানানো হয়েছে। ঢাকা অফিস সূত্রে জানা গেছে, বিভিন্ন জেলায় কর্মসূচি পালিত হবে এবং সাধারণ মানুষের সুবিধার্থে নানা উদ্যোগ নেওয়া হচ্ছে। সংশ্লিষ্ট কর্মকর্তারা জানান, প্রতিটি এলাকায় নিয়মিত তদারকি অব্যাহত থাকবে এবং প্রয়োজনীয় ব্যবস্থা গ্রহণ করা হবে। বাংলাদেশ সরকারের প্রধান উপদেষ্টা অধ্যাপক মুহাম্মদ ইউনূসের সঙ্গে সাক্ষাৎ করেছেন। প্রতিনিধি দলটি বাংলাদেশের জন্য নবায়নযোগ্য জ্বালানি খাতে বড় বিনিয়োগের সম্ভাবনা নিয়ে আলোচনা করেন। রমজান মাসে বাজার স্থিতিশীল রাখতে সংশ্লিষ্ট সকলকে সহযোগিতার আহ্বান জানানো হয়েছে। ঢাকা অফিস সূত্রে জানা গেছে, বিভিন্ন জেলায় কর্মসূচি পালিত হবে এবং সাধারণ মানুষের সুবিধার্থে নানা উদ্যোগ নেওয়া হচ্ছে। সংশ্লিষ্ট কর্মকর্তারা জানান, প্রতিটি এলাকায় নিয়মিত তদারকি অব্যাহত থাকবে এবং প্রয়োজনীয় ব্যবস্থা গ্রহণ করা হবে।

ভর্তিতে কোটা
(প্রথম পাতার পর)

বাংলাদেশ সরকারের প্রধান উপদেষ্টা অধ্যাপক মুহাম্মদ ইউনূসের সঙ্গে সাক্ষাৎ করেছেন। প্রতিনিধি দলটি বাংলাদেশের জন্য নবায়নযোগ্য জ্বালানি খাতে বড় বিনিয়োগের সম্ভাবনা নিয়ে আলোচনা করেন। রমজান মাসে বাজার স্থিতিশীল রাখতে সংশ্লিষ্ট সকলকে সহযোগিতার আহ্বান জানানো হয়েছে। ঢাকা অফিস সূত্রে জানা গেছে, বিভিন্ন জেলায় কর্মসূচি পালিত হবে এবং সাধারণ মানুষের সুবিধার্থে নানা উদ্যোগ নেওয়া হচ্ছে। সংশ্লিষ্ট কর্মকর্তারা জানান, প্রতিটি এলাকায় নিয়মিত তদারকি অব্যাহত থাকবে এবং প্রয়োজনীয় ব্যবস্থা গ্রহণ করা হবে। বাংলাদেশ সরকারের প্রধান উপদেষ্টা অধ্যাপক মুহাম্মদ ইউনূসের সঙ্গে সাক্ষাৎ করেছেন। প্রতিনিধি দলটি বাংলাদেশের জন্য নবায়নযোগ্য জ্বালানি খাতে বড় বিনিয়োগের সম্ভাবনা নিয়ে আলোচনা করেন। রমজান মাসে বাজার স্থিতিশীল রাখতে সংশ্লিষ্ট সকলকে সহযোগিতার আহ্বান জানানো হয়েছে। ঢাকা অফিস সূত্রে জানা গেছে, বিভিন্ন জেলায় কর্মসূচি পালিত হবে এবং সাধারণ মানুষের সুবিধার্থে নানা উদ্যোগ নেওয়া হচ্ছে। সংশ্লিষ্ট কর্মকর্তারা জানান, প্রতিটি এলাকায় নিয়মিত তদারকি অব্যাহত থাকবে এবং প্রয়োজনীয় ব্যবস্থা গ্রহণ করা হবে। বাংলাদেশ সরকারের প্রধান উপদেষ্টা অধ্যাপক মুহাম্মদ ইউনূসের সঙ্গে সাক্ষাৎ করেছেন। প্রতিনিধি দলটি বাংলাদেশের জন্য নবায়নযোগ্য জ্বালানি খাতে বড় বিনিয়োগের সম্ভাবনা নিয়ে আলোচনা করেন। রমজান মাসে বাজার স্থিতিশীল রাখতে সংশ্লিষ্ট সকলকে সহযোগিতার আহ্বান জানানো হয়েছে। ঢাকা অফিস সূত্রে জানা গেছে, বিভিন্ন জেলায় কর্মসূচি পালিত হবে এবং সাধারণ মানুষের সুবিধার্থে নানা উদ্যোগ নেওয়া হচ্ছে। সংশ্লিষ্ট কর্মকর্তারা জানান, প্রতিটি এলাকায় নিয়মিত তদারকি অব্যাহত থাকবে এবং প্রয়োজনীয় ব্যবস্থা গ্রহণ করা হবে। বাংলাদেশ সরকারের প্রধান উপদেষ্টা অধ্যাপক মুহাম্মদ ইউনূসের সঙ্গে সাক্ষাৎ করেছেন। প্রতিনিধি দলটি বাংলাদেশের জন্য নবায়নযোগ্য জ্বালানি খাতে বড় বিনিয়োগের সম্ভাবনা নিয়ে আলোচনা করেন। রমজান মাসে বাজার স্থিতিশীল রাখতে সংশ্লিষ্ট সকলকে সহযোগিতার আহ্বান জানানো হয়েছে। ঢাকা অফিস সূত্রে জানা গেছে, বিভিন্ন জেলায় কর্মসূচি পালিত হবে এবং সাধারণ মানুষের সুবিধার্থে নানা উদ্যোগ নেওয়া হচ্ছে। সংশ্লিষ্ট কর্মকর্তারা জানান, প্রতিটি এলাকায় নিয়মিত তদারকি অব্যাহত থাকবে এবং প্রয়োজনীয় ব্যবস্থা গ্রহণ করা হবে। বাংলাদেশ সরকারের প্রধান উপদেষ্টা অধ্যাপক মুহাম্মদ ইউনূসের সঙ্গে সাক্ষাৎ করেছেন। প্রতিনিধি দলটি বাংলাদেশের জন্য নবায়নযোগ্য জ্বালানি খাতে বড় বিনিয়োগের সম্ভাবনা নিয়ে আলোচনা করেন। রমজান মাসে বাজার স্থিতিশীল রাখতে সংশ্লিষ্ট সকলকে সহযোগিতার আহ্বান জানানো হয়েছে। ঢাকা অফিস সূত্রে জানা গেছে, বিভিন্ন জেলায় কর্মসূচি পালিত হবে এবং সাধারণ মানুষের সুবিধার্থে নানা উদ্যোগ নেওয়া হচ্ছে। সংশ্লিষ্ট কর্মকর্তারা জানান, প্রতিটি এলাকায় নিয়মিত তদারকি অব্যাহত থাকবে এবং প্রয়োজনীয় ব্যবস্থা গ্রহণ করা হবে। বাংলাদেশ সরকারের প্রধান উপদেষ্টা অধ্যাপক মুহাম্মদ ইউনূসের সঙ্গে সাক্ষাৎ করেছেন। প্রতিনিধি দলটি বাংলাদেশের জন্য নবায়নযোগ্য জ্বালানি খাতে বড় বিনিয়োগের সম্ভাবনা নিয়ে আলোচনা করেন। রমজান মাসে বাজার স্থিতিশীল রাখতে সংশ্লিষ্ট সকলকে সহযোগিতার আহ্বান জানানো হয়েছে। ঢাকা অফিস সূত্রে জানা গেছে, বিভিন্ন জেলায় কর্মসূচি পালিত হবে এবং সাধারণ মানুষের সুবিধার্থে নানা উদ্যোগ নেওয়া হচ্ছে। সংশ্লিষ্ট কর্মকর্তারা জানান, প্রতিটি এলাকায় নিয়মিত তদারকি অব্যাহত থাকবে এবং প্রয়োজনীয় ব্যবস্থা গ্রহণ করা হবে।

এবার ব্যতিক্রম
(প্রথম পাতার পর)

বাংলাদেশ সরকারের প্রধান উপদেষ্টা অধ্যাপক মুহাম্মদ ইউনূসের সঙ্গে সাক্ষাৎ করেছেন। প্রতিনিধি দলটি বাংলাদেশের জন্য নবায়নযোগ্য জ্বালানি খাতে বড় বিনিয়োগের সম্ভাবনা নিয়ে আলোচনা করেন। রমজান মাসে বাজার স্থিতিশীল রাখতে সংশ্লিষ্ট সকলকে সহযোগিতার আহ্বান জানানো হয়েছে। ঢাকা অফিস সূত্রে জানা গেছে, বিভিন্ন জেলায় কর্মসূচি পালিত হবে এবং সাধারণ মানুষের সুবিধার্থে নানা উদ্যোগ নেওয়া হচ্ছে। সংশ্লিষ্ট কর্মকর্তারা জানান, প্রতিটি এলাকায় নিয়মিত তদারকি অব্যাহত থাকবে এবং প্রয়োজনীয় ব্যবস্থা গ্রহণ করা হবে। বাংলাদেশ সরকারের প্রধান উপদেষ্টা অধ্যাপক মুহাম্মদ ইউনূসের সঙ্গে সাক্ষাৎ করেছেন। প্রতিনিধি দলটি বাংলাদেশের জন্য নবায়নযোগ্য জ্বালানি খাতে বড় বিনিয়োগের সম্ভাবনা নিয়ে আলোচনা করেন। রমজান মাসে বাজার স্থিতিশীল রাখতে সংশ্লিষ্ট সকলকে সহযোগিতার আহ্বান জানানো হয়েছে। ঢাকা অফিস সূত্রে জানা গেছে, বিভিন্ন জেলায় কর্মসূচি পালিত হবে এবং সাধারণ মানুষের সুবিধার্থে নানা উদ্যোগ নেওয়া হচ্ছে। সংশ্লিষ্ট কর্মকর্তারা জানান, প্রতিটি এলাকায় নিয়মিত তদারকি অব্যাহত থাকবে এবং প্রয়োজনীয় ব্যবস্থা গ্রহণ করা হবে। বাংলাদেশ সরকারের প্রধান উপদেষ্টা অধ্যাপক মুহাম্মদ ইউনূসের সঙ্গে সাক্ষাৎ করেছেন। প্রতিনিধি দলটি বাংলাদেশের জন্য নবায়নযোগ্য জ্বালানি খাতে বড় বিনিয়োগের সম্ভাবনা নিয়ে আলোচনা করেন। রমজান মাসে বাজার স্থিতিশীল রাখতে সংশ্লিষ্ট সকলকে সহযোগিতার আহ্বান জানানো হয়েছে। ঢাকা অফিস সূত্রে জানা গেছে, বিভিন্ন জেলায় কর্মসূচি পালিত হবে এবং সাধারণ মানুষের সুবিধার্থে নানা উদ্যোগ নেওয়া হচ্ছে। সংশ্লিষ্ট কর্মকর্তারা জানান, প্রতিটি এলাকায় নিয়মিত তদারকি অব্যাহত থাকবে এবং প্রয়োজনীয় ব্যবস্থা গ্রহণ করা হবে। বাংলাদেশ সরকারের প্রধান উপদেষ্টা অধ্যাপক মুহাম্মদ ইউনূসের সঙ্গে সাক্ষাৎ করেছেন। প্রতিনিধি দলটি বাংলাদেশের জন্য নবায়নযোগ্য জ্বালানি খাতে বড় বিনিয়োগের সম্ভাবনা নিয়ে আলোচনা করেন। রমজান মাসে বাজার স্থিতিশীল রাখতে সংশ্লিষ্ট সকলকে সহযোগিতার আহ্বান জানানো হয়েছে। ঢাকা অফিস সূত্রে জানা গেছে, বিভিন্ন জেলায় কর্মসূচি পালিত হবে এবং সাধারণ মানুষের সুবিধার্থে নানা উদ্যোগ নেওয়া হচ্ছে। সংশ্লিষ্ট কর্মকর্তারা জানান, প্রতিটি এলাকায় নিয়মিত তদারকি অব্যাহত থাকবে এবং প্রয়োজনীয় ব্যবস্থা গ্রহণ করা হবে। বাংলাদেশ সরকারের প্রধান উপদেষ্টা অধ্যাপক মুহাম্মদ ইউনূসের সঙ্গে সাক্ষাৎ করেছেন। প্রতিনিধি দলটি বাংলাদেশের জন্য নবায়নযোগ্য জ্বালানি খাতে বড় বিনিয়োগের সম্ভাবনা নিয়ে আলোচনা করেন। রমজান মাসে বাজার স্থিতিশীল রাখতে সংশ্লিষ্ট সকলকে সহযোগিতার আহ্বান জানানো হয়েছে। ঢাকা অফিস সূত্রে জানা গেছে, বিভিন্ন জেলায় কর্মসূচি পালিত হবে এবং সাধারণ মানুষের সুবিধার্থে নানা উদ্যোগ নেওয়া হচ্ছে। সংশ্লিষ্ট কর্মকর্তারা জানান, প্রতিটি এলাকায় নিয়মিত তদারকি অব্যাহত থাকবে এবং প্রয়োজনীয় ব্যবস্থা গ্রহণ করা হবে। বাংলাদেশ সরকারের প্রধান উপদেষ্টা অধ্যাপক মুহাম্মদ ইউনূসের সঙ্গে সাক্ষাৎ করেছেন। প্রতিনিধি দলটি বাংলাদেশের জন্য নবায়নযোগ্য জ্বালানি খাতে বড় বিনিয়োগের সম্ভাবনা নিয়ে আলোচনা করেন। রমজান মাসে বাজার স্থিতিশীল রাখতে সংশ্লিষ্ট সকলকে সহযোগিতার আহ্বান জানানো হয়েছে। ঢাকা অফিস সূত্রে জানা গেছে, বিভিন্ন জেলায় কর্মসূচি পালিত হবে এবং সাধারণ মানুষের সুবিধার্থে নানা উদ্যোগ নেওয়া হচ্ছে। সংশ্লিষ্ট কর্মকর্তারা জানান, প্রতিটি এলাকায় নিয়মিত তদারকি অব্যাহত থাকবে এবং প্রয়োজনীয় ব্যবস্থা গ্রহণ করা হবে।

রমজানে বাজার অস্থিতিশীল না করার আহ্বান স্বরাষ্ট্র উপদেষ্টার

স্টাফ রিপোর্টার, ঢাকা অফিস : বাংলাদেশ সরকারের প্রধান উপদেষ্টা অধ্যাপক মুহাম্মদ ইউনূসের সঙ্গে সাক্ষাৎ করেছেন। প্রতিনিধি দলটি বাংলাদেশের জন্য নবায়নযোগ্য জ্বালানি খাতে বড় বিনিয়োগের সম্ভাবনা নিয়ে আলোচনা করেন। রমজান মাসে বাজার স্থিতিশীল রাখতে সংশ্লিষ্ট সকলকে সহযোগিতার আহ্বান জানানো হয়েছে। ঢাকা অফিস সূত্রে জানা গেছে, বিভিন্ন জেলায় কর্মসূচি পালিত হবে এবং সাধারণ মানুষের সুবিধার্থে নানা উদ্যোগ নেওয়া হচ্ছে। সংশ্লিষ্ট কর্মকর্তারা জানান, প্রতিটি এলাকায় নিয়মিত তদারকি অব্যাহত থাকবে এবং প্রয়োজনীয় ব্যবস্থা গ্রহণ করা হবে। বাংলাদেশ সরকারের প্রধান উপদেষ্টা অধ্যাপক মুহাম্মদ ইউনূসের সঙ্গে সাক্ষাৎ করেছেন। প্রতিনিধি দলটি বাংলাদেশের জন্য নবায়নযোগ্য জ্বালানি খাতে বড় বিনিয়োগের সম্ভাবনা নিয়ে আলোচনা করেন। রমজান মাসে বাজার স্থিতিশীল রাখতে সংশ্লিষ্ট সকলকে সহযোগিতার আহ্বান জানানো হয়েছে। ঢাকা অফিস সূত্রে জানা গেছে, বিভিন্ন জেলায় কর্মসূচি পালিত হবে এবং সাধারণ মানুষের সুবিধার্থে নানা উদ্যোগ নেওয়া হচ্ছে। সংশ্লিষ্ট কর্মকর্তারা জানান, প্রতিটি এলাকায় নিয়মিত তদারকি অব্যাহত থাকবে এবং প্রয়োজনীয় ব্যবস্থা গ্রহণ করা হবে। বাংলাদেশ সরকারের প্রধান উপদেষ্টা অধ্যাপক মুহাম্মদ ইউনূসের সঙ্গে সাক্ষাৎ করেছেন। প্রতিনিধি দলটি বাংলাদেশের জন্য নবায়নযোগ্য জ্বালানি খাতে বড় বিনিয়োগের সম্ভাবনা নিয়ে আলোচনা করেন। রমজান মাসে বাজার স্থিতিশীল রাখতে সংশ্লিষ্ট সকলকে সহযোগিতার আহ্বান জানানো হয়েছে। ঢাকা অফিস সূত্রে জানা গেছে, বিভিন্ন জেলায় কর্মসূচি পালিত হবে এবং সাধারণ মানুষের সুবিধার্থে নানা উদ্যোগ নেওয়া হচ্ছে। সংশ্লিষ্ট কর্মকর্তারা জানান, প্রতিটি এলাকায় নিয়মিত তদারকি অব্যাহত থাকবে এবং প্রয়োজনীয় ব্যবস্থা গ্রহণ করা হবে। বাংলাদেশ সরকারের প্রধান উপদেষ্টা অধ্যাপক মুহাম্মদ ইউনূসের সঙ্গে সাক্ষাৎ করেছেন। প্রতিনিধি দলটি বাংলাদেশের জন্য নবায়নযোগ্য জ্বালানি খাতে বড় বিনিয়োগের সম্ভাবনা নিয়ে আলোচনা করেন। রমজান মাসে বাজার স্থিতিশীল রাখতে সংশ্লিষ্ট সকলকে সহযোগিতার আহ্বান জানানো হয়েছে। ঢাকা অফিস সূত্রে জানা গেছে, বিভিন্ন জেলায় কর্মসূচি পালিত হবে এবং সাধারণ মানুষের সুবিধার্থে নানা উদ্যোগ নেওয়া হচ্ছে। সংশ্লিষ্ট কর্মকর্তারা জানান, প্রতিটি এলাকায় নিয়মিত তদারকি অব্যাহত থাকবে এবং প্রয়োজনীয় ব্যবস্থা গ্রহণ করা হবে। বাংলাদেশ সরকারের প্রধান উপদেষ্টা অধ্যাপক মুহাম্মদ ইউনূসের সঙ্গে সাক্ষাৎ করেছেন। প্রতিনিধি দলটি বাংলাদেশের জন্য নবায়নযোগ্য জ্বালানি খাতে বড় বিনিয়োগের সম্ভাবনা নিয়ে আলোচনা করেন। রমজান মাসে বাজার স্থিতিশীল রাখতে সংশ্লিষ্ট সকলকে সহযোগিতার আহ্বান জানানো হয়েছে। ঢাকা অফিস সূত্রে জানা গেছে, বিভিন্ন জেলায় কর্মসূচি পালিত হবে এবং সাধারণ মানুষের সুবিধার্থে নানা উদ্যোগ নেওয়া হচ্ছে। সংশ্লিষ্ট কর্মকর্তারা জানান, প্রতিটি এলাকায় নিয়মিত তদারকি অব্যাহত থাকবে এবং প্রয়োজনীয় ব্যবস্থা গ্রহণ করা হবে। বাংলাদেশ সরকারের প্রধান উপদেষ্টা অধ্যাপক মুহাম্মদ ইউনূসের সঙ্গে সাক্ষাৎ করেছেন। প্রতিনিধি দলটি বাংলাদেশের জন্য নবায়নযোগ্য জ্বালানি খাতে বড় বিনিয়োগের সম্ভাবনা নিয়ে আলোচনা করেন। রমজান মাসে বাজার স্থিতিশীল রাখতে সংশ্লিষ্ট সকলকে সহযোগিতার আহ্বান জানানো হয়েছে। ঢাকা অফিস সূত্রে জানা গেছে, বিভিন্ন জেলায় কর্মসূচি পালিত হবে এবং সাধারণ মানুষের সুবিধার্থে নানা উদ্যোগ নেওয়া হচ্ছে। সংশ্লিষ্ট কর্মকর্তারা জানান, প্রতিটি এলাকায় নিয়মিত তদারকি অব্যাহত থাকবে এবং প্রয়োজনীয় ব্যবস্থা গ্রহণ করা হবে।

ডেন্টালের ভর্তি পরীক্ষার ফল প্রকাশ, উত্তীর্ণ ৫১৮

স্টাফ রিপোর্টার, ঢাকা অফিস : বাংলাদেশ সরকারের প্রধান উপদেষ্টা অধ্যাপক মুহাম্মদ ইউনূসের সঙ্গে সাক্ষাৎ করেছেন। প্রতিনিধি দলটি বাংলাদেশের জন্য নবায়নযোগ্য জ্বালানি খাতে বড় বিনিয়োগের সম্ভাবনা নিয়ে আলোচনা করেন। রমজান মাসে বাজার স্থিতিশীল রাখতে সংশ্লিষ্ট সকলকে সহযোগিতার আহ্বান জানানো হয়েছে। ঢাকা অফিস সূত্রে জানা গেছে, বিভিন্ন জেলায় কর্মসূচি পালিত হবে এবং সাধারণ মানুষের সুবিধার্থে নানা উদ্যোগ নেওয়া হচ্ছে। সংশ্লিষ্ট কর্মকর্তারা জানান, প্রতিটি এলাকায় নিয়মিত তদারকি অব্যাহত থাকবে এবং প্রয়োজনীয় ব্যবস্থা গ্রহণ করা হবে। বাংলাদেশ সরকারের প্রধান উপদেষ্টা অধ্যাপক মুহাম্মদ ইউনূসের সঙ্গে সাক্ষাৎ করেছেন। প্রতিনিধি দলটি বাংলাদেশের জন্য নবায়নযোগ্য জ্বালানি খাতে বড় বিনিয়োগের সম্ভাবনা নিয়ে আলোচনা করেন। রমজান মাসে বাজার স্থিতিশীল রাখতে সংশ্লিষ্ট সকলকে সহযোগিতার আহ্বান জানানো হয়েছে। ঢাকা অফিস সূত্রে জানা গেছে, বিভিন্ন জেলায় কর্মসূচি পালিত হবে এবং সাধারণ মানুষের সুবিধার্থে নানা উদ্যোগ নেওয়া হচ্ছে। সংশ্লিষ্ট কর্মকর্তারা জানান, প্রতিটি এলাকায় নিয়মিত তদারকি অব্যাহত থাকবে এবং প্রয়োজনীয় ব্যবস্থা গ্রহণ করা হবে। বাংলাদেশ সরকারের প্রধান উপদেষ্টা অধ্যাপক মুহাম্মদ ইউনূসের সঙ্গে সাক্ষাৎ করেছেন। প্রতিনিধি দলটি বাংলাদেশের জন্য নবায়নযোগ্য জ্বালানি খাতে বড় বিনিয়োগের সম্ভাবনা নিয়ে আলোচনা করেন। রমজান মাসে বাজার স্থিতিশীল রাখতে সংশ্লিষ্ট সকলকে সহযোগিতার আহ্বান জানানো হয়েছে। ঢাকা অফিস সূত্রে জানা গেছে, বিভিন্ন জেলায় কর্মসূচি পালিত হবে এবং সাধারণ মানুষের সুবিধার্থে নানা উদ্যোগ নেওয়া হচ্ছে। সংশ্লিষ্ট কর্মকর্তারা জানান, প্রতিটি এলাকায় নিয়মিত তদারকি অব্যাহত থাকবে এবং প্রয়োজনীয় ব্যবস্থা গ্রহণ করা হবে। বাংলাদেশ সরকারের প্রধান উপদেষ্টা অধ্যাপক মুহাম্মদ ইউনূসের সঙ্গে সাক্ষাৎ করেছেন। প্রতিনিধি দলটি বাংলাদেশের জন্য নবায়নযোগ্য জ্বালানি খাতে বড় বিনিয়োগের সম্ভাবনা নিয়ে আলোচনা করেন। রমজান মাসে বাজার স্থিতিশীল রাখতে সংশ্লিষ্ট সকলকে সহযোগিতার আহ্বান জানানো হয়েছে। ঢাকা অফিস সূত্রে জানা গেছে, বিভিন্ন জেলায় কর্মসূচি পালিত হবে এবং সাধারণ মানুষের সুবিধার্থে নানা উদ্যোগ নেওয়া হচ্ছে। সংশ্লিষ্ট কর্মকর্তারা জানান, প্রতিটি এলাকায় নিয়মিত তদারকি অব্যাহত থাকবে এবং প্রয়োজনীয় ব্যবস্থা গ্রহণ করা হবে। বাংলাদেশ সরকারের প্রধান উপদেষ্টা অধ্যাপক মুহাম্মদ ইউনূসের সঙ্গে সাক্ষাৎ করেছেন। প্রতিনিধি দলটি বাংলাদেশের জন্য নবায়নযোগ্য জ্বালানি খাতে বড় বিনিয়োগের সম্ভাবনা নিয়ে আলোচনা করেন। রমজান মাসে বাজার স্থিতিশীল রাখতে সংশ্লিষ্ট সকলকে সহযোগিতার আহ্বান জানানো হয়েছে। ঢাকা অফিস সূত্রে জানা গেছে, বিভিন্ন জেলায় কর্মসূচি পালিত হবে এবং সাধারণ মানুষের সুবিধার্থে নানা উদ্যোগ নেওয়া হচ্ছে। সংশ্লিষ্ট কর্মকর্তারা জানান, প্রতিটি এলাকায় নিয়মিত তদারকি অব্যাহত থাকবে এবং প্রয়োজনীয় ব্যবস্থা গ্রহণ করা হবে। বাংলাদেশ সরকারের প্রধান উপদেষ্টা অধ্যাপক মুহাম্মদ ইউনূসের সঙ্গে সাক্ষাৎ করেছেন। প্রতিনিধি দলটি বাংলাদেশের জন্য নবায়নযোগ্য জ্বালানি খাতে বড় বিনিয়োগের সম্ভাবনা নিয়ে আলোচনা করেন। রমজান মাসে বাজার স্থিতিশীল রাখতে সংশ্লিষ্ট সকলকে সহযোগিতার আহ্বান জানানো হয়েছে। ঢাকা অফিস সূত্রে জানা গেছে, বিভিন্ন জেলায় কর্মসূচি পালিত হবে এবং সাধারণ মানুষের সুবিধার্থে নানা উদ্যোগ নেওয়া হচ্ছে। সংশ্লিষ্ট কর্মকর্তারা জানান, প্রতিটি এলাকায় নিয়মিত তদারকি অব্যাহত থাকবে এবং প্রয়োজনীয় ব্যবস্থা গ্রহণ করা হবে।

রেকর্ড রেমিট্যান্স ফেব্রুয়ারিতে
(প্রথম পাতার পর)

বাংলাদেশ সরকারের প্রধান উপদেষ্টা অধ্যাপক মুহাম্মদ ইউনূসের সঙ্গে সাক্ষাৎ করেছেন। প্রতিনিধি দলটি বাংলাদেশের জন্য নবায়নযোগ্য জ্বালানি খাতে বড় বিনিয়োগের সম্ভাবনা নিয়ে আলোচনা করেন। রমজান মাসে বাজার স্থিতিশীল রাখতে সংশ্লিষ্ট সকলকে সহযোগিতার আহ্বান জানানো হয়েছে। ঢাকা অফিস সূত্রে জানা গেছে, বিভিন্ন জেলায় কর্মসূচি পালিত হবে এবং সাধারণ মানুষের সুবিধার্থে নানা উদ্যোগ নেওয়া হচ্ছে। সংশ্লিষ্ট কর্মকর্তারা জানান, প্রতিটি এলাকায় নিয়মিত তদারকি অব্যাহত থাকবে এবং প্রয়োজনীয় ব্যবস্থা গ্রহণ করা হবে। বাংলাদেশ সরকারের প্রধান উপদেষ্টা অধ্যাপক মুহাম্মদ ইউনূসের সঙ্গে সাক্ষাৎ করেছেন। প্রতিনিধি দলটি বাংলাদেশের জন্য নবায়নযোগ্য জ্বালানি খাতে বড় বিনিয়োগের সম্ভাবনা নিয়ে আলোচনা করেন। রমজান মাসে বাজার স্থিতিশীল রাখতে সংশ্লিষ্ট সকলকে সহযোগিতার আহ্বান জানানো হয়েছে। ঢাকা অফিস সূত্রে জানা গেছে, বিভিন্ন জেলায় কর্মসূচি পালিত হবে এবং সাধারণ মানুষের সুবিধার্থে নানা উদ্যোগ নেওয়া হচ্ছে। সংশ্লিষ্ট কর্মকর্তারা জানান, প্রতিটি এলাকায় নিয়মিত তদারকি অব্যাহত থাকবে এবং প্রয়োজনীয় ব্যবস্থা গ্রহণ করা হবে। বাংলাদেশ সরকারের প্রধান উপদেষ্টা অধ্যাপক মুহাম্মদ ইউনূসের সঙ্গে সাক্ষাৎ করেছেন। প্রতিনিধি দলটি বাংলাদেশের জন্য নবায়নযোগ্য জ্বালানি খাতে বড় বিনিয়োগের সম্ভাবনা নিয়ে আলোচনা করেন। রমজান মাসে বাজার স্থিতিশীল রাখতে সংশ্লিষ্ট সকলকে সহযোগিতার আহ্বান জানানো হয়েছে। ঢাকা অফিস সূত্রে জানা গেছে, বিভিন্ন জেলায় কর্মসূচি পালিত হবে এবং সাধারণ মানুষের সুবিধার্থে নানা উদ্যোগ নেওয়া হচ্ছে। সংশ্লিষ্ট কর্মকর্তারা জানান, প্রতিটি এলাকায় নিয়মিত তদারকি অব্যাহত থাকবে এবং প্রয়োজনীয় ব্যবস্থা গ্রহণ করা হবে। বাংলাদেশ সরকারের প্রধান উপদেষ্টা অধ্যাপক মুহাম্মদ ইউনূসের সঙ্গে সাক্ষাৎ করেছেন। প্রতিনিধি দলটি বাংলাদেশের জন্য নবায়নযোগ্য জ্বালানি খাতে বড় বিনিয়োগের সম্ভাবনা নিয়ে আলোচনা করেন। রমজান মাসে বাজার স্থিতিশীল রাখতে সংশ্লিষ্ট সকলকে সহযোগিতার আহ্বান জানানো হয়েছে। ঢাকা অফিস সূত্রে জানা গেছে, বিভিন্ন জেলায় কর্মসূচি পালিত হবে এবং সাধারণ মানুষের সুবিধার্থে নানা উদ্যোগ নেওয়া হচ্ছে। সংশ্লিষ্ট কর্মকর্তারা জানান, প্রতিটি এলাকায় নিয়মিত তদারকি অব্যাহত থাকবে এবং প্রয়োজনীয় ব্যবস্থা গ্রহণ করা হবে। বাংলাদেশ সরকারের প্রধান উপদেষ্টা অধ্যাপক মুহাম্মদ ইউনূসের সঙ্গে সাক্ষাৎ করেছেন। প্রতিনিধি দলটি বাংলাদেশের জন্য নবায়নযোগ্য জ্বালানি খাতে বড় বিনিয়োগের সম্ভাবনা নিয়ে আলোচনা করেন। রমজান মাসে বাজার স্থিতিশীল রাখতে সংশ্লিষ্ট সকলকে সহযোগিতার আহ্বান জানানো হয়েছে। ঢাকা অফিস সূত্রে জানা গেছে, বিভিন্ন জেলায় কর্মসূচি পালিত হবে এবং সাধারণ মানুষের সুবিধার্থে নানা উদ্যোগ নেওয়া হচ্ছে। সংশ্লিষ্ট কর্মকর্তারা জানান, প্রতিটি এলাকায় নিয়মিত তদারকি অব্যাহত থাকবে এবং প্রয়োজনীয় ব্যবস্থা গ্রহণ করা হবে। বাংলাদেশ সরকারের প্রধান উপদেষ্টা অধ্যাপক মুহাম্মদ ইউনূসের সঙ্গে সাক্ষাৎ করেছেন। প্রতিনিধি দলটি বাংলাদেশের জন্য নবায়নযোগ্য জ্বালানি খাতে বড় বিনিয়োগের সম্ভাবনা নিয়ে আলোচনা করেন। রমজান মাসে বাজার স্থিতিশীল রাখতে সংশ্লিষ্ট সকলকে সহযোগিতার আহ্বান জানানো হয়েছে। ঢাকা অফিস সূত্রে জানা গেছে, বিভিন্ন জেলায় কর্মসূচি পালিত হবে এবং সাধারণ মানুষের সুবিধার্থে নানা উদ্যোগ নেওয়া হচ্ছে। সংশ্লিষ্ট কর্মকর্তারা জানান, প্রতিটি এলাকায় নিয়মিত তদারকি অব্যাহত থাকবে এবং প্রয়োজনীয় ব্যবস্থা গ্রহণ করা হবে।

এনসিপির ২১৭ সদস্যের
(প্রথম পাতার পর)

বাংলাদেশ সরকারের প্রধান উপদেষ্টা অধ্যাপক মুহাম্মদ ইউনূসের সঙ্গে সাক্ষাৎ করেছেন। প্রতিনিধি দলটি বাংলাদেশের জন্য নবায়নযোগ্য জ্বালানি খাতে বড় বিনিয়োগের সম্ভাবনা নিয়ে আলোচনা করেন। রমজান মাসে বাজার স্থিতিশীল রাখতে সংশ্লিষ্ট সকলকে সহযোগিতার আহ্বান জানানো হয়েছে। ঢাকা অফিস সূত্রে জানা গেছে, বিভিন্ন জেলায় কর্মসূচি পালিত হবে এবং সাধারণ মানুষের সুবিধার্থে নানা উদ্যোগ নেওয়া হচ্ছে। সংশ্লিষ্ট কর্মকর্তারা জানান, প্রতিটি এলাকায় নিয়মিত তদারকি অব্যাহত থাকবে এবং প্রয়োজনীয় ব্যবস্থা গ্রহণ করা হবে। বাংলাদেশ সরকারের প্রধান উপদেষ্টা অধ্যাপক মুহাম্মদ ইউনূসের সঙ্গে সাক্ষাৎ করেছেন। প্রতিনিধি দলটি বাংলাদেশের জন্য নবায়নযোগ্য জ্বালানি খাতে বড় বিনিয়োগের সম্ভাবনা নিয়ে আলোচনা করেন। রমজান মাসে বাজার স্থিতিশীল রাখতে সংশ্লিষ্ট সকলকে সহযোগিতার আহ্বান জানানো হয়েছে। ঢাকা অফিস সূত্রে জানা গেছে, বিভিন্ন জেলায় কর্মসূচি পালিত হবে এবং সাধারণ মানুষের সুবিধার্থে নানা উদ্যোগ নেওয়া হচ্ছে। সংশ্লিষ্ট কর্মকর্তারা জানান, প্রতিটি এলাকায় নিয়মিত তদারকি অব্যাহত থাকবে এবং প্রয়োজনীয় ব্যবস্থা গ্রহণ করা হবে। বাংলাদেশ সরকারের প্রধান উপদেষ্টা অধ্যাপক মুহাম্মদ ইউনূসের সঙ্গে সাক্ষাৎ করেছেন। প্রতিনিধি দলটি বাংলাদেশের জন্য নবায়নযোগ্য জ্বালানি খাতে বড় বিনিয়োগের সম্ভাবনা নিয়ে আলোচনা করেন। রমজান মাসে বাজার স্থিতিশীল রাখতে সংশ্লিষ্ট সকলকে সহযোগিতার আহ্বান জানানো হয়েছে। ঢাকা অফিস সূত্রে জানা গেছে, বিভিন্ন জেলায় কর্মসূচি পালিত হবে এবং সাধারণ মানুষের সুবিধার্থে নানা উদ্যোগ নেওয়া হচ্ছে। সংশ্লিষ্ট কর্মকর্তারা জানান, প্রতিটি এলাকায় নিয়মিত তদারকি অব্যাহত থাকবে এবং প্রয়োজনীয় ব্যবস্থা গ্রহণ করা হবে। বাংলাদেশ সরকারের প্রধান উপদেষ্টা অধ্যাপক মুহাম্মদ ইউনূসের সঙ্গে সাক্ষাৎ করেছেন। প্রতিনিধি দলটি বাংলাদেশের জন্য নবায়নযোগ্য জ্বালানি খাতে বড় বিনিয়োগের সম্ভাবনা নিয়ে আলোচনা করেন। রমজান মাসে বাজার স্থিতিশীল রাখতে সংশ্লিষ্ট সকলকে সহযোগিতার আহ্বান জানানো হয়েছে। ঢাকা অফিস সূত্রে জানা গেছে, বিভিন্ন জেলায় কর্মসূচি পালিত হবে এবং সাধারণ মানুষের সুবিধার্থে নানা উদ্যোগ নেওয়া হচ্ছে। সংশ্লিষ্ট কর্মকর্তারা জানান, প্রতিটি এলাকায় নিয়মিত তদারকি অব্যাহত থাকবে এবং প্রয়োজনীয় ব্যবস্থা গ্রহণ করা হবে। বাংলাদেশ সরকারের প্রধান উপদেষ্টা অধ্যাপক মুহাম্মদ ইউনূসের সঙ্গে সাক্ষাৎ করেছেন। প্রতিনিধি দলটি বাংলাদেশের জন্য নবায়নযোগ্য জ্বালানি খাতে বড় বিনিয়োগের সম্ভাবনা নিয়ে আলোচনা করেন। রমজান মাসে বাজার স্থিতিশীল রাখতে সংশ্লিষ্ট সকলকে সহযোগিতার আহ্বান জানানো হয়েছে। ঢাকা অফিস সূত্রে জানা গেছে, বিভিন্ন জেলায় কর্মসূচি পালিত হবে এবং সাধারণ মানুষের সুবিধার্থে নানা উদ্যোগ নেওয়া হচ্ছে। সংশ্লিষ্ট কর্মকর্তারা জানান, প্রতিটি এলাকায় নিয়মিত তদারকি অব্যাহত থাকবে এবং প্রয়োজনীয় ব্যবস্থা গ্রহণ করা হবে। বাংলাদেশ সরকারের প্রধান উপদেষ্টা অধ্যাপক মুহাম্মদ ইউনূসের সঙ্গে সাক্ষাৎ করেছেন। প্রতিনিধি দলটি বাংলাদেশের জন্য নবায়নযোগ্য জ্বালানি খাতে বড় বিনিয়োগের সম্ভাবনা নিয়ে আলোচনা করেন। রমজান মাসে বাজার স্থিতিশীল রাখতে সংশ্লিষ্ট সকলকে সহযোগিতার আহ্বান জানানো হয়েছে। ঢাকা অফিস সূত্রে জানা গেছে, বিভিন্ন জেলায় কর্মসূচি পালিত হবে এবং সাধারণ মানুষের সুবিধার্থে নানা উদ্যোগ নেওয়া হচ্ছে। সংশ্লিষ্ট কর্মকর্তারা জানান, প্রতিটি এলাকায় নিয়মিত তদারকি অব্যাহত থাকবে এবং প্রয়োজনীয় ব্যবস্থা গ্রহণ করা হবে।

ভোটার ১২ কোটি ৩৭ লাখ
(প্রথম পাতার পর)

বাংলাদেশ সরকারের প্রধান উপদেষ্টা অধ্যাপক মুহাম্মদ ইউনূসের সঙ্গে সাক্ষাৎ করেছেন। প্রতিনিধি দলটি বাংলাদেশের জন্য নবায়নযোগ্য জ্বালানি খাতে বড় বিনিয়োগের সম্ভাবনা নিয়ে আলোচনা করেন। রমজান মাসে বাজার স্থিতিশীল রাখতে সংশ্লিষ্ট সকলকে সহযোগিতার আহ্বান জানানো হয়েছে। ঢাকা অফিস সূত্রে জানা গেছে, বিভিন্ন জেলায় কর্মসূচি পালিত হবে এবং সাধারণ মানুষের সুবিধার্থে নানা উদ্যোগ নেওয়া হচ্ছে। সংশ্লিষ্ট কর্মকর্তারা জানান, প্রতিটি এলাকায় নিয়মিত তদারকি অব্যাহত থাকবে এবং প্রয়োজনীয় ব্যবস্থা গ্রহণ করা হবে। বাংলাদেশ সরকারের প্রধান উপদেষ্টা অধ্যাপক মুহাম্মদ ইউনূসের সঙ্গে সাক্ষাৎ করেছেন। প্রতিনিধি দলটি বাংলাদেশের জন্য নবায়নযোগ্য জ্বালানি খাতে বড় বিনিয়োগের সম্ভাবনা নিয়ে আলোচনা করেন। রমজান মাসে বাজার স্থিতিশীল রাখতে সংশ্লিষ্ট সকলকে সহযোগিতার আহ্বান জানানো হয়েছে। ঢাকা অফিস সূত্রে জানা গেছে, বিভিন্ন জেলায় কর্মসূচি পালিত হবে এবং সাধারণ মানুষের সুবিধার্থে নানা উদ্যোগ নেওয়া হচ্ছে। সংশ্লিষ্ট কর্মকর্তারা জানান, প্রতিটি এলাকায় নিয়মিত তদারকি অব্যাহত থাকবে এবং প্রয়োজনীয় ব্যবস্থা গ্রহণ করা হবে। বাংলাদেশ সরকারের প্রধান উপদেষ্টা অধ্যাপক মুহাম্মদ ইউনূসের সঙ্গে সাক্ষাৎ করেছেন। প্রতিনিধি দলটি বাংলাদেশের জন্য নবায়নযোগ্য জ্বালানি খাতে বড় বিনিয়োগের সম্ভাবনা নিয়ে আলোচনা করেন। রমজান মাসে বাজার স্থিতিশীল রাখতে সংশ্লিষ্ট সকলকে সহযোগিতার আহ্বান জানানো হয়েছে। ঢাকা অফিস সূত্রে জানা গেছে, বিভিন্ন জেলায় কর্মসূচি পালিত হবে এবং সাধারণ মানুষের সুবিধার্থে নানা উদ্যোগ নেওয়া হচ্ছে। সংশ্লিষ্ট কর্মকর্তারা জানান, প্রতিটি এলাকায় নিয়মিত তদারকি অব্যাহত থাকবে এবং প্রয়োজনীয় ব্যবস্থা গ্রহণ করা হবে। বাংলাদেশ সরকারের প্রধান উপদেষ্টা অধ্যাপক মুহাম্মদ ইউনূসের সঙ্গে সাক্ষাৎ করেছেন। প্রতিনিধি দলটি বাংলাদেশের জন্য নবায়নযোগ্য জ্বালানি খাতে বড় বিনিয়োগের সম্ভাবনা নিয়ে আলোচনা করেন। রমজান মাসে বাজার স্থিতিশীল রাখতে সংশ্লিষ্ট সকলকে সহযোগিতার আহ্বান জানানো হয়েছে। ঢাকা অফিস সূত্রে জানা গেছে, বিভিন্ন জেলায় কর্মসূচি পালিত হবে এবং সাধারণ মানুষের সুবিধার্থে নানা উদ্যোগ নেওয়া হচ্ছে। সংশ্লিষ্ট কর্মকর্তারা জানান, প্রতিটি এলাকায় নিয়মিত তদারকি অব্যাহত থাকবে এবং প্রয়োজনীয় ব্যবস্থা গ্রহণ করা হবে। বাংলাদেশ সরকারের প্রধান উপদেষ্টা অধ্যাপক মুহাম্মদ ইউনূসের সঙ্গে সাক্ষাৎ করেছেন। প্রতিনিধি দলটি বাংলাদেশের জন্য নবায়নযোগ্য জ্বালানি খাতে বড় বিনিয়োগের সম্ভাবনা নিয়ে আলোচনা করেন। রমজান মাসে বাজার স্থিতিশীল রাখতে সংশ্লিষ্ট সকলকে সহযোগিতার আহ্বান জানানো হয়েছে। ঢাকা অফিস সূত্রে জানা গেছে, বিভিন্ন জেলায় কর্মসূচি পালিত হবে এবং সাধারণ মানুষের সুবিধার্থে নানা উদ্যোগ নেওয়া হচ্ছে। সংশ্লিষ্ট কর্মকর্তারা জানান, প্রতিটি এলাকায় নিয়মিত তদারকি অব্যাহত থাকবে এবং প্রয়োজনীয় ব্যবস্থা গ্রহণ করা হবে। বাংলাদেশ সরকারের প্রধান উপদেষ্টা অধ্যাপক মুহাম্মদ ইউনূসের সঙ্গে সাক্ষাৎ করেছেন। প্রতিনিধি দলটি বাংলাদেশের জন্য নবায়নযোগ্য জ্বালানি খাতে বড় বিনিয়োগের সম্ভাবনা নিয়ে আলোচনা করেন। রমজান মাসে বাজার স্থিতিশীল রাখতে সংশ্লিষ্ট সকলকে সহযোগিতার আহ্বান জানানো হয়েছে। ঢাকা অফিস সূত্রে জানা গেছে, বিভিন্ন জেলায় কর্মসূচি পালিত হবে এবং সাধারণ মানুষের সুবিধার্থে নানা উদ্যোগ নেওয়া হচ্ছে। সংশ্লিষ্ট কর্মকর্তারা জানান, প্রতিটি এলাকায় নিয়মিত তদারকি অব্যাহত থাকবে এবং প্রয়োজনীয় ব্যবস্থা গ্রহণ করা হবে।

সয়াবিন তেল ছাড়া অন্য পণ্যের সংকট নেই : ভোক্তার ডিজি

স্টাফ রিপোর্টার, ঢাকা অফিস : বাংলাদেশ সরকারের প্রধান উপদেষ্টা অধ্যাপক মুহাম্মদ ইউনূসের সঙ্গে সাক্ষাৎ করেছেন। প্রতিনিধি দলটি বাংলাদেশের জন্য নবায়নযোগ্য জ্বালানি খাতে বড় বিনিয়োগের সম্ভাবনা নিয়ে আলোচনা করেন। রমজান মাসে বাজার স্থিতিশীল রাখতে সংশ্লিষ্ট সকলকে সহযোগিতার আহ্বান জানানো হয়েছে। ঢাকা অফিস সূত্রে জানা গেছে, বিভিন্ন জেলায় কর্মসূচি পালিত হবে এবং সাধারণ মানুষের সুবিধার্থে নানা উদ্যোগ নেওয়া হচ্ছে। সংশ্লিষ্ট কর্মকর্তারা জানান, প্রতিটি এলাকায় নিয়মিত তদারকি অব্যাহত থাকবে এবং প্রয়োজনীয় ব্যবস্থা গ্রহণ করা হবে। বাংলাদেশ সরকারের প্রধান উপদেষ্টা অধ্যাপক মুহাম্মদ ইউনূসের সঙ্গে সাক্ষাৎ করেছেন। প্রতিনিধি দলটি বাংলাদেশের জন্য নবায়নযোগ্য জ্বালানি খাতে বড় বিনিয়োগের সম্ভাবনা নিয়ে আলোচনা করেন। রমজান মাসে বাজার স্থিতিশীল রাখতে সংশ্লিষ্ট সকলকে সহযোগিতার আহ্বান জানানো হয়েছে। ঢাকা অফিস সূত্রে জানা গেছে, বিভিন্ন জেলায় কর্মসূচি পালিত হবে এবং সাধারণ মানুষের সুবিধার্থে নানা উদ্যোগ নেওয়া হচ্ছে। সংশ্লিষ্ট কর্মকর্তারা জানান, প্রতিটি এলাকায় নিয়মিত তদারকি অব্যাহত থাকবে এবং প্রয়োজনীয় ব্যবস্থা গ্রহণ করা হবে। বাংলাদেশ সরকারের প্রধান উপদেষ্টা অধ্যাপক মুহাম্মদ ইউনূসের সঙ্গে সাক্ষাৎ করেছেন। প্রতিনিধি দলটি বাংলাদেশের জন্য নবায়নযোগ্য জ্বালানি খাতে বড় বিনিয়োগের সম্ভাবনা নিয়ে আলোচনা করেন। রমজান মাসে বাজার স্থিতিশীল রাখতে সংশ্লিষ্ট সকলকে সহযোগিতার আহ্বান জানানো হয়েছে। ঢাকা অফিস সূত্রে জানা গেছে, বিভিন্ন জেলায় কর্মসূচি পালিত হবে এবং সাধারণ মানুষের সুবিধার্থে নানা উদ্যোগ নেওয়া হচ্ছে। সংশ্লিষ্ট কর্মকর্তারা জানান, প্রতিটি এলাকায় নিয়মিত তদারকি অব্যাহত থাকবে এবং প্রয়োজনীয় ব্যবস্থা গ্রহণ করা হবে। বাংলাদেশ সরকারের প্রধান উপদেষ্টা অধ্যাপক মুহাম্মদ ইউনূসের সঙ্গে সাক্ষাৎ করেছেন। প্রতিনিধি দলটি বাংলাদেশের জন্য নবায়নযোগ্য জ্বালানি খাতে বড় বিনিয়োগের সম্ভাবনা নিয়ে আলোচনা করেন। রমজান মাসে বাজার স্থিতিশীল রাখতে সংশ্লিষ্ট সকলকে সহযোগিতার আহ্বান জানানো হয়েছে। ঢাকা অফিস সূত্রে জানা গেছে, বিভিন্ন জেলায় কর্মসূচি পালিত হবে এবং সাধারণ মানুষের সুবিধার্থে নানা উদ্যোগ নেওয়া হচ্ছে। সংশ্লিষ্ট কর্মকর্তারা জানান, প্রতিটি এলাকায় নিয়মিত তদারকি অব্যাহত থাকবে এবং প্রয়োজনীয় ব্যবস্থা গ্রহণ করা হবে। বাংলাদেশ সরকারের প্রধান উপদেষ্টা অধ্যাপক মুহাম্মদ ইউনূসের সঙ্গে সাক্ষাৎ করেছেন। প্রতিনিধি দলটি বাংলাদেশের জন্য নবায়নযোগ্য জ্বালানি খাতে বড় বিনিয়োগের সম্ভাবনা নিয়ে আলোচনা করেন। রমজান মাসে বাজার স্থিতিশীল রাখতে সংশ্লিষ্ট সকলকে সহযোগিতার আহ্বান জানানো হয়েছে। ঢাকা অফিস সূত্রে জানা গেছে, বিভিন্ন জেলায় কর্মসূচি পালিত হবে এবং সাধারণ মানুষের সুবিধার্থে নানা উদ্যোগ নেওয়া হচ্ছে। সংশ্লিষ্ট কর্মকর্তারা জানান, প্রতিটি এলাকায় নিয়মিত তদারকি অব্যাহত থাকবে এবং প্রয়োজনীয় ব্যবস্থা গ্রহণ করা হবে। বাংলাদেশ সরকারের প্রধান উপদেষ্টা অধ্যাপক মুহাম্মদ ইউনূসের সঙ্গে সাক্ষাৎ করেছেন। প্রতিনিধি দলটি বাংলাদেশের জন্য নবায়নযোগ্য জ্বালানি খাতে বড় বিনিয়োগের সম্ভাবনা নিয়ে আলোচনা করেন। রমজান মাসে বাজার স্থিতিশীল রাখতে সংশ্লিষ্ট সকলকে সহযোগিতার আহ্বান জানানো হয়েছে। ঢাকা অফিস সূত্রে জানা গেছে, বিভিন্ন জেলায় কর্মসূচি পালিত হবে এবং সাধারণ মানুষের সুবিধার্থে নানা উদ্যোগ নেওয়া হচ্ছে। সংশ্লিষ্ট কর্মকর্তারা জানান, প্রতিটি এলাকায় নিয়মিত তদারকি অব্যাহত থাকবে এবং প্রয়োজনীয় ব্যবস্থা গ্রহণ করা হবে।

সারাদেশে একাডেমিক
(প্রথম পাতার পর)

বাংলাদেশ সরকারের প্রধান উপদেষ্টা অধ্যাপক মুহাম্মদ ইউনূসের সঙ্গে সাক্ষাৎ করেছেন। প্রতিনিধি দলটি বাংলাদেশের জন্য নবায়নযোগ্য জ্বালানি খাতে বড় বিনিয়োগের সম্ভাবনা নিয়ে আলোচনা করেন। রমজান মাসে বাজার স্থিতিশীল রাখতে সংশ্লিষ্ট সকলকে সহযোগিতার আহ্বান জানানো হয়েছে। ঢাকা অফিস সূত্রে জানা গেছে, বিভিন্ন জেলায় কর্মসূচি পালিত হবে এবং সাধারণ মানুষের সুবিধার্থে নানা উদ্যোগ নেওয়া হচ্ছে। সংশ্লিষ্ট কর্মকর্তারা জানান, প্রতিটি এলাকায় নিয়মিত তদারকি অব্যাহত থাকবে এবং প্রয়োজনীয় ব্যবস্থা গ্রহণ করা হবে। বাংলাদেশ সরকারের প্রধান উপদেষ্টা অধ্যাপক মুহাম্মদ ইউনূসের সঙ্গে সাক্ষাৎ করেছেন। প্রতিনিধি দলটি বাংলাদেশের জন্য নবায়নযোগ্য জ্বালানি খাতে বড় বিনিয়োগের সম্ভাবনা নিয়ে আলোচনা করেন। রমজান মাসে বাজার স্থিতিশীল রাখতে সংশ্লিষ্ট সকলকে সহযোগিতার আহ্বান জানানো হয়েছে। ঢাকা অফিস সূত্রে জানা গেছে, বিভিন্ন জেলায় কর্মসূচি পালিত হবে এবং সাধারণ মানুষের সুবিধার্থে নানা উদ্যোগ নেওয়া হচ্ছে। সংশ্লিষ্ট কর্মকর্তারা জানান, প্রতিটি এলাকায় নিয়মিত তদারকি অব্যাহত থাকবে এবং প্রয়োজনীয় ব্যবস্থা গ্রহণ করা হবে। বাংলাদেশ সরকারের প্রধান উপদেষ্টা অধ্যাপক মুহাম্মদ ইউনূসের সঙ্গে সাক্ষাৎ করেছেন। প্রতিনিধি দলটি বাংলাদেশের জন্য নবায়নযোগ্য জ্বালানি খাতে বড় বিনিয়োগের সম্ভাবনা নিয়ে আলোচনা করেন। রমজান মাসে বাজার স্থিতিশীল রাখতে সংশ্লিষ্ট সকলকে সহযোগিতার আহ্বান জানানো হয়েছে। ঢাকা অফিস সূত্রে জানা গেছে, বিভিন্ন জেলায় কর্মসূচি পালিত হবে এবং সাধারণ মানুষের সুবিধার্থে নানা উদ্যোগ নেওয়া হচ্ছে। সংশ্লিষ্ট কর্মকর্তারা জানান, প্রতিটি এলাকায় নিয়মিত তদারকি অব্যাহত থাকবে এবং প্রয়োজনীয় ব্যবস্থা গ্রহণ করা হবে। বাংলাদেশ সরকারের প্রধান উপদেষ্টা অধ্যাপক মুহাম্মদ ইউনূসের সঙ্গে সাক্ষাৎ করেছেন। প্রতিনিধি দলটি বাংলাদেশের জন্য নবায়নযোগ্য জ্বালানি খাতে বড় বিনিয়োগের সম্ভাবনা নিয়ে আলোচনা করেন। রমজান মাসে বাজার স্থিতিশীল রাখতে সংশ্লিষ্ট সকলকে সহযোগিতার আহ্বান জানানো হয়েছে। ঢাকা অফিস সূত্রে জানা গেছে, বিভিন্ন জেলায় কর্মসূচি পালিত হবে এবং সাধারণ মানুষের সুবিধার্থে নানা উদ্যোগ নেওয়া হচ্ছে। সংশ্লিষ্ট কর্মকর্তারা জানান, প্রতিটি এলাকায় নিয়মিত তদারকি অব্যাহত থাকবে এবং প্রয়োজনীয় ব্যবস্থা গ্রহণ করা হবে। বাংলাদেশ সরকারের প্রধান উপদেষ্টা অধ্যাপক মুহাম্মদ ইউনূসের সঙ্গে সাক্ষাৎ করেছেন। প্রতিনিধি দলটি বাংলাদেশের জন্য নবায়নযোগ্য জ্বালানি খাতে বড় বিনিয়োগের সম্ভাবনা নিয়ে আলোচনা করেন। রমজান মাসে বাজার স্থিতিশীল রাখতে সংশ্লিষ্ট সকলকে সহযোগিতার আহ্বান জানানো হয়েছে। ঢাকা অফিস সূত্রে জানা গেছে, বিভিন্ন জেলায় কর্মসূচি পালিত হবে এবং সাধারণ মানুষের সুবিধার্থে নানা উদ্যোগ নেওয়া হচ্ছে। সংশ্লিষ্ট কর্মকর্তারা জানান, প্রতিটি এলাকায় নিয়মিত তদারকি অব্যাহত থাকবে এবং প্রয়োজনীয় ব্যবস্থা গ্রহণ করা হবে। বাংলাদেশ সরকারের প্রধান উপদেষ্টা অধ্যাপক মুহাম্মদ ইউনূসের সঙ্গে সাক্ষাৎ করেছেন। প্রতিনিধি দলটি বাংলাদেশের জন্য নবায়নযোগ্য জ্বালানি খাতে বড় বিনিয়োগের সম্ভাবনা নিয়ে আলোচনা করেন। রমজান মাসে বাজার স্থিতিশীল রাখতে সংশ্লিষ্ট সকলকে সহযোগিতার আহ্বান জানানো হয়েছে। ঢাকা অফিস সূত্রে জানা গেছে, বিভিন্ন জেলায় কর্মসূচি পালিত হবে এবং সাধারণ মানুষের সুবিধার্থে নানা উদ্যোগ নেওয়া হচ্ছে। সংশ্লিষ্ট কর্মকর্তারা জানান, প্রতিটি এলাকায় নিয়মিত তদারকি অব্যাহত থাকবে এবং প্রয়োজনীয় ব্যবস্থা গ্রহণ করা হবে।

খোশ আমদেদ
(প্রথম পাতার পর)

বাংলাদেশ সরকারের প্রধান উপদেষ্টা অধ্যাপক মুহাম্মদ ইউনূসের সঙ্গে সাক্ষাৎ করেছেন। প্রতিনিধি দলটি বাংলাদেশের জন্য নবায়নযোগ্য জ্বালানি খাতে বড় বিনিয়োগের সম্ভাবনা নিয়ে আলোচনা করেন। রমজান মাসে বাজার স্থিতিশীল রাখতে সংশ্লিষ্ট সকলকে সহযোগিতার আহ্বান জানানো হয়েছে। ঢাকা অফিস সূত্রে জানা গেছে, বিভিন্ন জেলায় কর্মসূচি পালিত হবে এবং সাধারণ মানুষের সুবিধার্থে নানা উদ্যোগ নেওয়া হচ্ছে। সংশ্লিষ্ট কর্মকর্তারা জানান, প্রতিটি এলাকায় নিয়মিত তদারকি অব্যাহত থাকবে এবং প্রয়োজনীয় ব্যবস্থা গ্রহণ করা হবে। বাংলাদেশ সরকারের প্রধান উপদেষ্টা অধ্যাপক মুহাম্মদ ইউনূসের সঙ্গে সাক্ষাৎ করেছেন। প্রতিনিধি দলটি বাংলাদেশের জন্য নবায়নযোগ্য জ্বালানি খাতে বড় বিনিয়োগের সম্ভাবনা নিয়ে আলোচনা করেন। রমজান মাসে বাজার স্থিতিশীল রাখতে সংশ্লিষ্ট সকলকে সহযোগিতার আহ্বান জানানো হয়েছে। ঢাকা অফিস সূত্রে জানা গেছে, বিভিন্ন জেলায় কর্মসূচি পালিত হবে এবং সাধারণ মানুষের সুবিধার্থে নানা উদ্যোগ নেওয়া হচ্ছে। সংশ্লিষ্ট কর্মকর্তারা জানান, প্রতিটি এলাকায় নিয়মিত তদারকি অব্যাহত থাকবে এবং প্রয়োজনীয় ব্যবস্থা গ্রহণ করা হবে। বাংলাদেশ সরকারের প্রধান উপদেষ্টা অধ্যাপক মুহাম্মদ ইউনূসের সঙ্গে সাক্ষাৎ করেছেন। প্রতিনিধি দলটি বাংলাদেশের জন্য নবায়নযোগ্য জ্বালানি খাতে বড় বিনিয়োগের সম্ভাবনা নিয়ে আলোচনা করেন। রমজান মাসে বাজার স্থিতিশীল রাখতে সংশ্লিষ্ট সকলকে সহযোগিতার আহ্বান জানানো হয়েছে। ঢাকা অফিস সূত্রে জানা গেছে, বিভিন্ন জেলায় কর্মসূচি পালিত হবে এবং সাধারণ মানুষের সুবিধার্থে নানা উদ্যোগ নেওয়া হচ্ছে। সংশ্লিষ্ট কর্মকর্তারা জানান, প্রতিটি এলাকায় নিয়মিত তদারকি অব্যাহত থাকবে এবং প্রয়োজনীয় ব্যবস্থা গ্রহণ করা হবে। বাংলাদেশ সরকারের প্রধান উপদেষ্টা অধ্যাপক মুহাম্মদ ইউনূসের সঙ্গে সাক্ষাৎ করেছেন। প্রতিনিধি দলটি বাংলাদেশের জন্য নবায়নযোগ্য জ্বালানি খাতে বড় বিনিয়োগের সম্ভাবনা নিয়ে আলোচনা করেন। রমজান মাসে বাজার স্থিতিশীল রাখতে সংশ্লিষ্ট সকলকে সহযোগিতার আহ্বান জানানো হয়েছে। ঢাকা অফিস সূত্রে জানা গেছে, বিভিন্ন জেলায় কর্মসূচি পালিত হবে এবং সাধারণ মানুষের সুবিধার্থে নানা উদ্যোগ নেওয়া হচ্ছে। সংশ্লিষ্ট কর্মকর্তারা জানান, প্রতিটি এলাকায় নিয়মিত তদারকি অব্যাহত থাকবে এবং প্রয়োজনীয় ব্যবস্থা গ্রহণ করা হবে। বাংলাদেশ সরকারের প্রধান উপদেষ্টা অধ্যাপক মুহাম্মদ ইউনূসের সঙ্গে সাক্ষাৎ করেছেন। প্রতিনিধি দলটি বাংলাদেশের জন্য নবায়নযোগ্য জ্বালানি খাতে বড় বিনিয়োগের সম্ভাবনা নিয়ে আলোচনা করেন। রমজান মাসে বাজার স্থিতিশীল রাখতে সংশ্লিষ্ট সকলকে সহযোগিতার আহ্বান জানানো হয়েছে। ঢাকা অফিস সূত্রে জানা গেছে, বিভিন্ন জেলায় কর্মসূচি পালিত হবে এবং সাধারণ মানুষের সুবিধার্থে নানা উদ্যোগ নেওয়া হচ্ছে। সংশ্লিষ্ট কর্মকর্তারা জানান, প্রতিটি এলাকায় নিয়মিত তদারকি অব্যাহত থাকবে এবং প্রয়োজনীয় ব্যবস্থা গ্রহণ করা হবে। বাংলাদেশ সরকারের প্রধান উপদেষ্টা অধ্যাপক মুহাম্মদ ইউনূসের সঙ্গে সাক্ষাৎ করেছেন। প্রতিনিধি দলটি বাংলাদেশের জন্য নবায়নযোগ্য জ্বালানি খাতে বড় বিনিয়োগের সম্ভাবনা নিয়ে আলোচনা করেন। রমজান মাসে বাজার স্থিতিশীল রাখতে সংশ্লিষ্ট সকলকে সহযোগিতার আহ্বান জানানো হয়েছে। ঢাকা অফিস সূত্রে জানা গেছে, বিভিন্ন জেলায় কর্মসূচি পালিত হবে এবং সাধারণ মানুষের সুবিধার্থে নানা উদ্যোগ নেওয়া হচ্ছে। সংশ্লিষ্ট কর্মকর্তারা জানান, প্রতিটি এলাকায় নিয়মিত তদারকি অব্যাহত থাকবে এবং প্রয়োজনীয় ব্যবস্থা গ্রহণ করা হবে।

হাসিনার নৃশংসতার
(প্রথম পাতার পর)

বাংলাদেশ সরকারের প্রধান উপদেষ্টা অধ্যাপক মুহাম্মদ ইউনূসের সঙ্গে সাক্ষাৎ করেছেন। প্রতিনিধি দলটি বাংলাদেশের জন্য নবায়নযোগ্য জ্বালানি খাতে বড় বিনিয়োগের সম্ভাবনা নিয়ে আলোচনা করেন। রমজান মাসে বাজার স্থিতিশীল রাখতে সংশ্লিষ্ট সকলকে সহযোগিতার আহ্বান জানানো হয়েছে। ঢাকা অফিস সূত্রে জানা গেছে, বিভিন্ন জেলায় কর্মসূচি পালিত হবে এবং সাধারণ মানুষের সুবিধার্থে নানা উদ্যোগ নেওয়া হচ্ছে। সংশ্লিষ্ট কর্মকর্তারা জানান, প্রতিটি এলাকায় নিয়মিত তদারকি অব্যাহত থাকবে এবং প্রয়োজনীয় ব্যবস্থা গ্রহণ করা হবে। বাংলাদেশ সরকারের প্রধান উপদেষ্টা অধ্যাপক মুহাম্মদ ইউনূসের সঙ্গে সাক্ষাৎ করেছেন। প্রতিনিধি দলটি বাংলাদেশের জন্য নবায়নযোগ্য জ্বালানি খাতে বড় বিনিয়োগের সম্ভাবনা নিয়ে আলোচনা করেন। রমজান মাসে বাজার স্থিতিশীল রাখতে সংশ্লিষ্ট সকলকে সহযোগিতার আহ্বান জানানো হয়েছে। ঢাকা অফিস সূত্রে জানা গেছে, বিভিন্ন জেলায় কর্মসূচি পালিত হবে এবং সাধারণ মানুষের সুবিধার্থে নানা উদ্যোগ নেওয়া হচ্ছে। সংশ্লিষ্ট কর্মকর্তারা জানান, প্রতিটি এলাকায় নিয়মিত তদারকি অব্যাহত থাকবে এবং প্রয়োজনীয় ব্যবস্থা গ্রহণ করা হবে। বাংলাদেশ সরকারের প্রধান উপদেষ্টা অধ্যাপক মুহাম্মদ ইউনূসের সঙ্গে সাক্ষাৎ করেছেন। প্রতিনিধি দলটি বাংলাদেশের জন্য নবায়নযোগ্য জ্বালানি খাতে বড় বিনিয়োগের সম্ভাবনা নিয়ে আলোচনা করেন। রমজান মাসে বাজার স্থিতিশীল রাখতে সংশ্লিষ্ট সকলকে সহযোগিতার আহ্বান জানানো হয়েছে। ঢাকা অফিস সূত্রে জানা গেছে, বিভিন্ন জেলায় কর্মসূচি পালিত হবে এবং সাধারণ মানুষের সুবিধার্থে নানা উদ্যোগ নেওয়া হচ্ছে। সংশ্লিষ্ট কর্মকর্তারা জানান, প্রতিটি এলাকায় নিয়মিত তদারকি অব্যাহত থাকবে এবং প্রয়োজনীয় ব্যবস্থা গ্রহণ করা হবে। বাংলাদেশ সরকারের প্রধান উপদেষ্টা অধ্যাপক মুহাম্মদ ইউনূসের সঙ্গে সাক্ষাৎ করেছেন। প্রতিনিধি দলটি বাংলাদেশের জন্য নবায়নযোগ্য জ্বালানি খাতে বড় বিনিয়োগের সম্ভাবনা নিয়ে আলোচনা করেন। রমজান মাসে বাজার স্থিতিশীল রাখতে সংশ্লিষ্ট সকলকে সহযোগিতার আহ্বান জানানো হয়েছে। ঢাকা অফিস সূত্রে জানা গেছে, বিভিন্ন জেলায় কর্মসূচি পালিত হবে এবং সাধারণ মানুষের সুবিধার্থে নানা উদ্যোগ নেওয়া হচ্ছে। সংশ্লিষ্ট কর্মকর্তারা জানান, প্রতিটি এলাকায় নিয়মিত তদারকি অব্যাহত থাকবে এবং প্রয়োজনীয় ব্যবস্থা গ্রহণ করা হবে। বাংলাদেশ সরকারের প্রধান উপদেষ্টা অধ্যাপক মুহাম্মদ ইউনূসের সঙ্গে সাক্ষাৎ করেছেন। প্রতিনিধি দলটি বাংলাদেশের জন্য নবায়নযোগ্য জ্বালানি খাতে বড় বিনিয়োগের সম্ভাবনা নিয়ে আলোচনা করেন। রমজান মাসে বাজার স্থিতিশীল রাখতে সংশ্লিষ্ট সকলকে সহযোগিতার আহ্বান জানানো হয়েছে। ঢাকা অফিস সূত্রে জানা গেছে, বিভিন্ন জেলায় কর্মসূচি পালিত হবে এবং সাধারণ মানুষের সুবিধার্থে নানা উদ্যোগ নেওয়া হচ্ছে। সংশ্লিষ্ট কর্মকর্তারা জানান, প্রতিটি এলাকায় নিয়মিত তদারকি অব্যাহত থাকবে এবং প্রয়োজনীয় ব্যবস্থা গ্রহণ করা হবে। বাংলাদেশ সরকারের প্রধান উপদেষ্টা অধ্যাপক মুহাম্মদ ইউনূসের সঙ্গে সাক্ষাৎ করেছেন। প্রতিনিধি দলটি বাংলাদেশের জন্য নবায়নযোগ্য জ্বালানি খাতে বড় বিনিয়োগের সম্ভাবনা নিয়ে আলোচনা করেন। রমজান মাসে বাজার স্থিতিশীল রাখতে সংশ্লিষ্ট সকলকে সহযোগিতার আহ্বান জানানো হয়েছে। ঢাকা অফিস সূত্রে জানা গেছে, বিভিন্ন জেলায় কর্মসূচি পালিত হবে এবং সাধারণ মানুষের সুবিধার্থে নানা উদ্যোগ নেওয়া হচ্ছে। সংশ্লিষ্ট কর্মকর্তারা জানান, প্রতিটি এলাকায় নিয়মিত তদারকি অব্যাহত থাকবে এবং প্রয়োজনীয় ব্যবস্থা গ্রহণ করা হবে।

ফেব্রুয়ারিতে ১৮৯ নারী ও কন্যা
(প্রথম পাতার পর)

বাংলাদেশ সরকারের প্রধান উপদেষ্টা অধ্যাপক মুহাম্মদ ইউনূসের সঙ্গে সাক্ষাৎ করেছেন। প্রতিনিধি দলটি বাংলাদেশের জন্য নবায়নযোগ্য জ্বালানি খাতে বড় বিনিয়োগের সম্ভাবনা নিয়ে আলোচনা করেন। রমজান মাসে বাজার স্থিতিশীল রাখতে সংশ্লিষ্ট সকলকে সহযোগিতার আহ্বান জানানো হয়েছে। ঢাকা অফিস সূত্রে জানা গেছে, বিভিন্ন জেলায় কর্মসূচি পালিত হবে এবং সাধারণ মানুষের সুবিধার্থে নানা উদ্যোগ নেওয়া হচ্ছে। সংশ্লিষ্ট কর্মকর্তারা জানান, প্রতিটি এলাকায় নিয়মিত তদারকি অব্যাহত থাকবে এবং প্রয়োজনীয় ব্যবস্থা গ্রহণ করা হবে। বাংলাদেশ সরকারের প্রধান উপদেষ্টা অধ্যাপক মুহাম্মদ ইউনূসের সঙ্গে সাক্ষাৎ করেছেন। প্রতিনিধি দলটি বাংলাদেশের জন্য নবায়নযোগ্য জ্বালানি খাতে বড় বিনিয়োগের সম্ভাবনা নিয়ে আলোচনা করেন। রমজান মাসে বাজার স্থিতিশীল রাখতে সংশ্লিষ্ট সকলকে সহযোগিতার আহ্বান জানানো হয়েছে। ঢাকা অফিস সূত্রে জানা গেছে, বিভিন্ন জেলায় কর্মসূচি পালিত হবে এবং সাধারণ মানুষের সুবিধার্থে নানা উদ্যোগ নেওয়া হচ্ছে। সংশ্লিষ্ট কর্মকর্তারা জানান, প্রতিটি এলাকায় নিয়মিত তদারকি অব্যাহত থাকবে এবং প্রয়োজনীয় ব্যবস্থা গ্রহণ করা হবে। বাংলাদেশ সরকারের প্রধান উপদেষ্টা অধ্যাপক মুহাম্মদ ইউনূসের সঙ্গে সাক্ষাৎ করেছেন। প্রতিনিধি দলটি বাংলাদেশের জন্য নবায়নযোগ্য জ্বালানি খাতে বড় বিনিয়োগের সম্ভাবনা নিয়ে আলোচনা করেন। রমজান মাসে বাজার স্থিতিশীল রাখতে সংশ্লিষ্ট সকলকে সহযোগিতার আহ্বান জানানো হয়েছে। ঢাকা অফিস সূত্রে জানা গেছে, বিভিন্ন জেলায় কর্মসূচি পালিত হবে এবং সাধারণ মানুষের সুবিধার্থে নানা উদ্যোগ নেওয়া হচ্ছে। সংশ্লিষ্ট কর্মকর্তারা জানান, প্রতিটি এলাকায় নিয়মিত তদারকি অব্যাহত থাকবে এবং প্রয়োজনীয় ব্যবস্থা গ্রহণ করা হবে। বাংলাদেশ সরকারের প্রধান উপদেষ্টা অধ্যাপক মুহাম্মদ ইউনূসের সঙ্গে সাক্ষাৎ করেছেন। প্রতিনিধি দলটি বাংলাদেশের জন্য নবায়নযোগ্য জ্বালানি খাতে বড় বিনিয়োগের সম্ভাবনা নিয়ে আলোচনা করেন। রমজান মাসে বাজার স্থিতিশীল রাখতে সংশ্লিষ্ট সকলকে সহযোগিতার আহ্বান জানানো হয়েছে। ঢাকা অফিস সূত্রে জানা গেছে, বিভিন্ন জেলায় কর্মসূচি পালিত হবে এবং সাধারণ মানুষের সুবিধার্থে নানা উদ্যোগ নেওয়া হচ্ছে। সংশ্লিষ্ট কর্মকর্তারা জানান, প্রতিটি এলাকায় নিয়মিত তদারকি অব্যাহত থাকবে এবং প্রয়োজনীয় ব্যবস্থা গ্রহণ করা হবে। বাংলাদেশ সরকারের প্রধান উপদেষ্টা অধ্যাপক মুহাম্মদ ইউনূসের সঙ্গে সাক্ষাৎ করেছেন। প্রতিনিধি দলটি বাংলাদেশের জন্য নবায়নযোগ্য জ্বালানি খাতে বড় বিনিয়োগের সম্ভাবনা নিয়ে আলোচনা করেন। রমজান মাসে বাজার স্থিতিশীল রাখতে সংশ্লিষ্ট সকলকে সহযোগিতার আহ্বান জানানো হয়েছে। ঢাকা অফিস সূত্রে জানা গেছে, বিভিন্ন জেলায় কর্মসূচি পালিত হবে এবং সাধারণ মানুষের সুবিধার্থে নানা উদ্যোগ নেওয়া হচ্ছে। সংশ্লিষ্ট কর্মকর্তারা জানান, প্রতিটি এলাকায় নিয়মিত তদারকি অব্যাহত থাকবে এবং প্রয়োজনীয় ব্যবস্থা গ্রহণ করা হবে। বাংলাদেশ সরকারের প্রধান উপদেষ্টা অধ্যাপক মুহাম্মদ ইউনূসের সঙ্গে সাক্ষাৎ করেছেন। প্রতিনিধি দলটি বাংলাদেশের জন্য নবায়নযোগ্য জ্বালানি খাতে বড় বিনিয়োগের সম্ভাবনা নিয়ে আলোচনা করেন। রমজান মাসে বাজার স্থিতিশীল রাখতে সংশ্লিষ্ট সকলকে সহযোগিতার আহ্বান জানানো হয়েছে। ঢাকা অফিস সূত্রে জানা গেছে, বিভিন্ন জেলায় কর্মসূচি পালিত হবে এবং সাধারণ মানুষের সুবিধার্থে নানা উদ্যোগ নেওয়া হচ্ছে। সংশ্লিষ্ট কর্মকর্তারা জানান, প্রতিটি এলাকায় নিয়মিত তদারকি অব্যাহত থাকবে এবং প্রয়োজনীয় ব্যবস্থা গ্রহণ করা হবে।

৪ আসামিকে ট্রাইব্যুনালে
(প্রথম পাতার পর)

বাংলাদেশ সরকারের প্রধান উপদেষ্টা অধ্যাপক মুহাম্মদ ইউনূসের সঙ্গে সাক্ষাৎ করেছেন। প্রতিনিধি দলটি বাংলাদেশের জন্য নবায়নযোগ্য জ্বালানি খাতে বড় বিনিয়োগের সম্ভাবনা নিয়ে আলোচনা করেন। রমজান মাসে বাজার স্থিতিশীল রাখতে সংশ্লিষ্ট সকলকে সহযোগিতার আহ্বান জানানো হয়েছে। ঢাকা অফিস সূত্রে জানা গেছে, বিভিন্ন জেলায় কর্মসূচি পালিত হবে এবং সাধারণ মানুষের সুবিধার্থে নানা উদ্যোগ নেওয়া হচ্ছে। সংশ্লিষ্ট কর্মকর্তারা জানান, প্রতিটি এলাকায় নিয়মিত তদারকি অব্যাহত থাকবে এবং প্রয়োজনীয় ব্যবস্থা গ্রহণ করা হবে। বাংলাদেশ সরকারের প্রধান উপদেষ্টা অধ্যাপক মুহাম্মদ ইউনূসের সঙ্গে সাক্ষাৎ করেছেন। প্রতিনিধি দলটি বাংলাদেশের জন্য নবায়নযোগ্য জ্বালানি খাতে বড় বিনিয়োগের সম্ভাবনা নিয়ে আলোচনা করেন। রমজান মাসে বাজার স্থিতিশীল রাখতে সংশ্লিষ্ট সকলকে সহযোগিতার আহ্বান জানানো হয়েছে। ঢাকা অফিস সূত্রে জানা গেছে, বিভিন্ন জেলায় কর্মসূচি পালিত হবে এবং সাধারণ মানুষের সুবিধার্থে নানা উদ্যোগ নেওয়া হচ্ছে। সংশ্লিষ্ট কর্মকর্তারা জানান, প্রতিটি এলাকায় নিয়মিত তদারকি অব্যাহত থাকবে এবং প্রয়োজনীয় ব্যবস্থা গ্রহণ করা হবে। বাংলাদেশ সরকারের প্রধান উপদেষ্টা অধ্যাপক মুহাম্মদ ইউনূসের সঙ্গে সাক্ষাৎ করেছেন। প্রতিনিধি দলটি বাংলাদেশের জন্য নবায়নযোগ্য জ্বালানি খাতে বড় বিনিয়োগের সম্ভাবনা নিয়ে আলোচনা করেন। রমজান মাসে বাজার স্থিতিশীল রাখতে সংশ্লিষ্ট সকলকে সহযোগিতার আহ্বান জানানো হয়েছে। ঢাকা অফিস সূত্রে জানা গেছে, বিভিন্ন জেলায় কর্মসূচি পালিত হবে এবং সাধারণ মানুষের সুবিধার্থে নানা উদ্যোগ নেওয়া হচ্ছে। সংশ্লিষ্ট কর্মকর্তারা জানান, প্রতিটি এলাকায় নিয়মিত তদারকি অব্যাহত থাকবে এবং প্রয়োজনীয় ব্যবস্থা গ্রহণ করা হবে। বাংলাদেশ সরকারের প্রধান উপদেষ্টা অধ্যাপক মুহাম্মদ ইউনূসের সঙ্গে সাক্ষাৎ করেছেন। প্রতিনিধি দলটি বাংলাদেশের জন্য নবায়নযোগ্য জ্বালানি খাতে বড় বিনিয়োগের সম্ভাবনা নিয়ে আলোচনা করেন। রমজান মাসে বাজার স্থিতিশীল রাখতে সংশ্লিষ্ট সকলকে সহযোগিতার আহ্বান জানানো হয়েছে। ঢাকা অফিস সূত্রে জানা গেছে, বিভিন্ন জেলায় কর্মসূচি পালিত হবে এবং সাধারণ মানুষের সুবিধার্থে নানা উদ্যোগ নেওয়া হচ্ছে। সংশ্লিষ্ট কর্মকর্তারা জানান, প্রতিটি এলাকায় নিয়মিত তদারকি অব্যাহত থাকবে এবং প্রয়োজনীয় ব্যবস্থা গ্রহণ করা হবে। বাংলাদেশ সরকারের প্রধান উপদেষ্টা অধ্যাপক মুহাম্মদ ইউনূসের সঙ্গে সাক্ষাৎ করেছেন। প্রতিনিধি দলটি বাংলাদেশের জন্য নবায়নযোগ্য জ্বালানি খাতে বড় বিনিয়োগের সম্ভাবনা নিয়ে আলোচনা করেন। রমজান মাসে বাজার স্থিতিশীল রাখতে সংশ্লিষ্ট সকলকে সহযোগিতার আহ্বান জানানো হয়েছে। ঢাকা অফিস সূত্রে জানা গেছে, বিভিন্ন জেলায় কর্মসূচি পালিত হবে এবং সাধারণ মানুষের সুবিধার্থে নানা উদ্যোগ নেওয়া হচ্ছে। সংশ্লিষ্ট কর্মকর্তারা জানান, প্রতিটি এলাকায় নিয়মিত তদারকি অব্যাহত থাকবে এবং প্রয়োজনীয় ব্যবস্থা গ্রহণ করা হবে। বাংলাদেশ সরকারের প্রধান উপদেষ্টা অধ্যাপক মুহাম্মদ ইউনূসের সঙ্গে সাক্ষাৎ করেছেন। প্রতিনিধি দলটি বাংলাদেশের জন্য নবায়নযোগ্য জ্বালানি খাতে বড় বিনিয়োগের সম্ভাবনা নিয়ে আলোচনা করেন। রমজান মাসে বাজার স্থিতিশীল রাখতে সংশ্লিষ্ট সকলকে সহযোগিতার আহ্বান জানানো হয়েছে। ঢাকা অফিস সূত্রে জানা গেছে, বিভিন্ন জেলায় কর্মসূচি পালিত হবে এবং সাধারণ মানুষের সুবিধার্থে নানা উদ্যোগ নেওয়া হচ্ছে। সংশ্লিষ্ট কর্মকর্তারা জানান, প্রতিটি এলাকায় নিয়মিত তদারকি অব্যাহত থাকবে এবং প্রয়োজনীয় ব্যবস্থা গ্রহণ করা হবে।

তত্ত্বাবধায়ক সরকার ব্যবস্থা নিয়ে
(প্রথম পাতার পর)

বাংলাদেশ সরকারের প্রধান উপদেষ্টা অধ্যাপক মুহাম্মদ ইউনূসের সঙ্গে সাক্ষাৎ করেছেন। প্রতিনিধি দলটি বাংলাদেশের জন্য নবায়নযোগ্য জ্বালানি খাতে বড় বিনিয়োগের সম্ভাবনা নিয়ে আলোচনা করেন। রমজান মাসে বাজার স্থিতিশীল রাখতে সংশ্লিষ্ট সকলকে সহযোগিতার আহ্বান জানানো হয়েছে। ঢাকা অফিস সূত্রে জানা গেছে, বিভিন্ন জেলায় কর্মসূচি পালিত হবে এবং সাধারণ মানুষের সুবিধার্থে নানা উদ্যোগ নেওয়া হচ্ছে। সংশ্লিষ্ট কর্মকর্তারা জানান, প্রতিটি এলাকায় নিয়মিত তদারকি অব্যাহত থাকবে এবং প্রয়োজনীয় ব্যবস্থা গ্রহণ করা হবে। বাংলাদেশ সরকারের প্রধান উপদেষ্টা অধ্যাপক মুহাম্মদ ইউনূসের সঙ্গে সাক্ষাৎ করেছেন। প্রতিনিধি দলটি বাংলাদেশের জন্য নবায়নযোগ্য জ্বালানি খাতে বড় বিনিয়োগের সম্ভাবনা নিয়ে আলোচনা করেন। রমজান মাসে বাজার স্থিতিশীল রাখতে সংশ্লিষ্ট সকলকে সহযোগিতার আহ্বান জানানো হয়েছে। ঢাকা অফিস সূত্রে জানা গেছে, বিভিন্ন জেলায় কর্মসূচি পালিত হবে এবং সাধারণ মানুষের সুবিধার্থে নানা উদ্যোগ নেওয়া হচ্ছে। সংশ্লিষ্ট কর্মকর্তারা জানান, প্রতিটি এলাকায় নিয়মিত তদারকি অব্যাহত থাকবে এবং প্রয়োজনীয় ব্যবস্থা গ্রহণ করা হবে। বাংলাদেশ সরকারের প্রধান উপদেষ্টা অধ্যাপক মুহাম্মদ ইউনূসের সঙ্গে সাক্ষাৎ করেছেন। প্রতিনিধি দলটি বাংলাদেশের জন্য নবায়নযোগ্য জ্বালানি খাতে বড় বিনিয়োগের সম্ভাবনা নিয়ে আলোচনা করেন। রমজান মাসে বাজার স্থিতিশীল রাখতে সংশ্লিষ্ট সকলকে সহযোগিতার আহ্বান জানানো হয়েছে। ঢাকা অফিস সূত্রে জানা গেছে, বিভিন্ন জেলায় কর্মসূচি পালিত হবে এবং সাধারণ মানুষের সুবিধার্থে নানা উদ্যোগ নেওয়া হচ্ছে। সংশ্লিষ্ট কর্মকর্তারা জানান, প্রতিটি এলাকায় নিয়মিত তদারকি অব্যাহত থাকবে এবং প্রয়োজনীয় ব্যবস্থা গ্রহণ করা হবে। বাংলাদেশ সরকারের প্রধান উপদেষ্টা অধ্যাপক মুহাম্মদ ইউনূসের সঙ্গে সাক্ষাৎ করেছেন। প্রতিনিধি দলটি বাংলাদেশের জন্য নবায়নযোগ্য জ্বালানি খাতে বড় বিনিয়োগের সম্ভাবনা নিয়ে আলোচনা করেন। রমজান মাসে বাজার স্থিতিশীল রাখতে সংশ্লিষ্ট সকলকে সহযোগিতার আহ্বান জানানো হয়েছে। ঢাকা অফিস সূত্রে জানা গেছে, বিভিন্ন জেলায় কর্মসূচি পালিত হবে এবং সাধারণ মানুষের সুবিধার্থে নানা উদ্যোগ নেওয়া হচ্ছে। সংশ্লিষ্ট কর্মকর্তারা জানান, প্রতিটি এলাকায় নিয়মিত তদারকি অব্যাহত থাকবে এবং প্রয়োজনীয় ব্যবস্থা গ্রহণ করা হবে। বাংলাদেশ সরকারের প্রধান উপদেষ্টা অধ্যাপক মুহাম্মদ ইউনূসের সঙ্গে সাক্ষাৎ করেছেন। প্রতিনিধি দলটি বাংলাদেশের জন্য নবায়নযোগ্য জ্বালানি খাতে বড় বিনিয়োগের সম্ভাবনা নিয়ে আলোচনা করেন। রমজান মাসে বাজার স্থিতিশীল রাখতে সংশ্লিষ্ট সকলকে সহযোগিতার আহ্বান জানানো হয়েছে। ঢাকা অফিস সূত্রে জানা গেছে, বিভিন্ন জেলায় কর্মসূচি পালিত হবে এবং সাধারণ মানুষের সুবিধার্থে নানা উদ্যোগ নেওয়া হচ্ছে। সংশ্লিষ্ট কর্মকর্তারা জানান, প্রতিটি এলাকায় নিয়মিত তদারকি অব্যাহত থাকবে এবং প্রয়োজনীয় ব্যবস্থা গ্রহণ করা হবে। বাংলাদেশ সরকারের প্রধান উপদেষ্টা অধ্যাপক মুহাম্মদ ইউনূসের সঙ্গে সাক্ষাৎ করেছেন। প্রতিনিধি দলটি বাংলাদেশের জন্য নবায়নযোগ্য জ্বালানি খাতে বড় বিনিয়োগের সম্ভাবনা নিয়ে আলোচনা করেন। রমজান মাসে বাজার স্থিতিশীল রাখতে সংশ্লিষ্ট সকলকে সহযোগিতার আহ্বান জানানো হয়েছে। ঢাকা অফিস সূত্রে জানা গেছে, বিভিন্ন জেলায় কর্মসূচি পালিত হবে এবং সাধারণ মানুষের সুবিধার্থে নানা উদ্যোগ নেওয়া হচ্ছে। সংশ্লিষ্ট কর্মকর্তারা জানান, প্রতিটি এলাকায় নিয়মিত তদারকি অব্যাহত থাকবে এবং প্রয়োজনীয় ব্যবস্থা গ্রহণ করা হবে।

সব প্রার্থীর সমান সুযোগ
(প্রথম পাতার পর)

বাংলাদেশ সরকারের প্রধান উপদেষ্টা অধ্যাপক মুহাম্মদ ইউনূসের সঙ্গে সাক্ষাৎ করেছেন। প্রতিনিধি দলটি বাংলাদেশের জন্য নবায়নযোগ্য জ্বালানি খাতে বড় বিনিয়োগের সম্ভাবনা নিয়ে আলোচনা করেন। রমজান মাসে বাজার স্থিতিশীল রাখতে সংশ্লিষ্ট সকলকে সহযোগিতার আহ্বান জানানো হয়েছে। ঢাকা অফিস সূত্রে জানা গেছে, বিভিন্ন জেলায় কর্মসূচি পালিত হবে এবং সাধারণ মানুষের সুবিধার্থে নানা উদ্যোগ নেওয়া হচ্ছে। সংশ্লিষ্ট কর্মকর্তারা জানান, প্রতিটি এলাকায় নিয়মিত তদারকি অব্যাহত থাকবে এবং প্রয়োজনীয় ব্যবস্থা গ্রহণ করা হবে। বাংলাদেশ সরকারের প্রধান উপদেষ্টা অধ্যাপক মুহাম্মদ ইউনূসের সঙ্গে সাক্ষাৎ করেছেন। প্রতিনিধি দলটি বাংলাদেশের জন্য নবায়নযোগ্য জ্বালানি খাতে বড় বিনিয়োগের সম্ভাবনা নিয়ে আলোচনা করেন। রমজান মাসে বাজার স্থিতিশীল রাখতে সংশ্লিষ্ট সকলকে সহযোগিতার আহ্বান জানানো হয়েছে। ঢাকা অফিস সূত্রে জানা গেছে, বিভিন্ন জেলায় কর্মসূচি পালিত হবে এবং সাধারণ মানুষের সুবিধার্থে নানা উদ্যোগ নেওয়া হচ্ছে। সংশ্লিষ্ট কর্মকর্তারা জানান, প্রতিটি এলাকায় নিয়মিত তদারকি অব্যাহত থাকবে এবং প্রয়োজনীয় ব্যবস্থা গ্রহণ করা হবে। বাংলাদেশ সরকারের প্রধান উপদেষ্টা অধ্যাপক মুহাম্মদ ইউনূসের সঙ্গে সাক্ষাৎ করেছেন। প্রতিনিধি দলটি বাংলাদেশের জন্য নবায়নযোগ্য জ্বালানি খাতে বড় বিনিয়োগের সম্ভাবনা নিয়ে আলোচনা করেন। রমজান মাসে বাজার স্থিতিশীল রাখতে সংশ্লিষ্ট সকলকে সহযোগিতার আহ্বান জানানো হয়েছে। ঢাকা অফিস সূত্রে জানা গেছে, বিভিন্ন জেলায় কর্মসূচি পালিত হবে এবং সাধারণ মানুষের সুবিধার্থে নানা উদ্যোগ নেওয়া হচ্ছে। সংশ্লিষ্ট কর্মকর্তারা জানান, প্রতিটি এলাকায় নিয়মিত তদারকি অব্যাহত থাকবে এবং প্রয়োজনীয় ব্যবস্থা গ্রহণ করা হবে। বাংলাদেশ সরকারের প্রধান উপদেষ্টা অধ্যাপক মুহাম্মদ ইউনূসের সঙ্গে সাক্ষাৎ করেছেন। প্রতিনিধি দলটি বাংলাদেশের জন্য নবায়নযোগ্য জ্বালানি খাতে বড় বিনিয়োগের সম্ভাবনা নিয়ে আলোচনা করেন। রমজান মাসে বাজার স্থিতিশীল রাখতে সংশ্লিষ্ট সকলকে সহযোগিতার আহ্বান জানানো হয়েছে। ঢাকা অফিস সূত্রে জানা গেছে, বিভিন্ন জেলায় কর্মসূচি পালিত হবে এবং সাধারণ মানুষের সুবিধার্থে নানা উদ্যোগ নেওয়া হচ্ছে। সংশ্লিষ্ট কর্মকর্তারা জানান, প্রতিটি এলাকায় নিয়মিত তদারকি অব্যাহত থাকবে এবং প্রয়োজনীয় ব্যবস্থা গ্রহণ করা হবে। বাংলাদেশ সরকারের প্রধান উপদেষ্টা অধ্যাপক মুহাম্মদ ইউনূসের সঙ্গে সাক্ষাৎ করেছেন। প্রতিনিধি দলটি বাংলাদেশের জন্য নবায়নযোগ্য জ্বালানি খাতে বড় বিনিয়োগের সম্ভাবনা নিয়ে আলোচনা করেন। রমজান মাসে বাজার স্থিতিশীল রাখতে সংশ্লিষ্ট সকলকে সহযোগিতার আহ্বান জানানো হয়েছে। ঢাকা অফিস সূত্রে জানা গেছে, বিভিন্ন জেলায় কর্মসূচি পালিত হবে এবং সাধারণ মানুষের সুবিধার্থে নানা উদ্যোগ নেওয়া হচ্ছে। সংশ্লিষ্ট কর্মকর্তারা জানান, প্রতিটি এলাকায় নিয়মিত তদারকি অব্যাহত থাকবে এবং প্রয়োজনীয় ব্যবস্থা গ্রহণ করা হবে। বাংলাদেশ সরকারের প্রধান উপদেষ্টা অধ্যাপক মুহাম্মদ ইউনূসের সঙ্গে সাক্ষাৎ করেছেন। প্রতিনিধি দলটি বাংলাদেশের জন্য নবায়নযোগ্য জ্বালানি খাতে বড় বিনিয়োগের সম্ভাবনা নিয়ে আলোচনা করেন। রমজান মাসে বাজার স্থিতিশীল রাখতে সংশ্লিষ্ট সকলকে সহযোগিতার আহ্বান জানানো হয়েছে। ঢাকা অফিস সূত্রে জানা গেছে, বিভিন্ন জেলায় কর্মসূচি পালিত হবে এবং সাধারণ মানুষের সুবিধার্থে নানা উদ্যোগ নেওয়া হচ্ছে। সংশ্লিষ্ট কর্মকর্তারা জানান, প্রতিটি এলাকায় নিয়মিত তদারকি অব্যাহত থাকবে এবং প্রয়োজনীয় ব্যবস্থা গ্রহণ করা হবে।

সাবেক ডিজিএফআই প্রধান
(প্রথম পাতার পর)

বাংলাদেশ সরকারের প্রধান উপদেষ্টা অধ্যাপক মুহাম্মদ ইউনূসের সঙ্গে সাক্ষাৎ করেছেন। প্রতিনিধি দলটি বাংলাদেশের জন্য নবায়নযোগ্য জ্বালানি খাতে বড় বিনিয়োগের সম্ভাবনা নিয়ে আলোচনা করেন। রমজান মাসে বাজার স্থিতিশীল রাখতে সংশ্লিষ্ট সকলকে সহযোগিতার আহ্বান জানানো হয়েছে। ঢাকা অফিস সূত্রে জানা গেছে, বিভিন্ন জেলায় কর্মসূচি পালিত হবে এবং সাধারণ মানুষের সুবিধার্থে নানা উদ্যোগ নেওয়া হচ্ছে। সংশ্লিষ্ট কর্মকর্তারা জানান, প্রতিটি এলাকায় নিয়মিত তদারকি অব্যাহত থাকবে এবং প্রয়োজনীয় ব্যবস্থা গ্রহণ করা হবে। বাংলাদেশ সরকারের প্রধান উপদেষ্টা অধ্যাপক মুহাম্মদ ইউনূসের সঙ্গে সাক্ষাৎ করেছেন। প্রতিনিধি দলটি বাংলাদেশের জন্য নবায়নযোগ্য জ্বালানি খাতে বড় বিনিয়োগের সম্ভাবনা নিয়ে আলোচনা করেন। রমজান মাসে বাজার স্থিতিশীল রাখতে সংশ্লিষ্ট সকলকে সহযোগিতার আহ্বান জানানো হয়েছে। ঢাকা অফিস সূত্রে জানা গেছে, বিভিন্ন জেলায় কর্মসূচি পালিত হবে এবং সাধারণ মানুষের সুবিধার্থে নানা উদ্যোগ নেওয়া হচ্ছে। সংশ্লিষ্ট কর্মকর্তারা জানান, প্রতিটি এলাকায় নিয়মিত তদারকি অব্যাহত থাকবে এবং প্রয়োজনীয় ব্যবস্থা গ্রহণ করা হবে। বাংলাদেশ সরকারের প্রধান উপদেষ্টা অধ্যাপক মুহাম্মদ ইউনূসের সঙ্গে সাক্ষাৎ করেছেন। প্রতিনিধি দলটি বাংলাদেশের জন্য নবায়নযোগ্য জ্বালানি খাতে বড় বিনিয়োগের সম্ভাবনা নিয়ে আলোচনা করেন। রমজান মাসে বাজার স্থিতিশীল রাখতে সংশ্লিষ্ট সকলকে সহযোগিতার আহ্বান জানানো হয়েছে। ঢাকা অফিস সূত্রে জানা গেছে, বিভিন্ন জেলায় কর্মসূচি পালিত হবে এবং সাধারণ মানুষের সুবিধার্থে নানা উদ্যোগ নেওয়া হচ্ছে। সংশ্লিষ্ট কর্মকর্তারা জানান, প্রতিটি এলাকায় নিয়মিত তদারকি অব্যাহত থাকবে এবং প্রয়োজনীয় ব্যবস্থা গ্রহণ করা হবে। বাংলাদেশ সরকারের প্রধান উপদেষ্টা অধ্যাপক মুহাম্মদ ইউনূসের সঙ্গে সাক্ষাৎ করেছেন। প্রতিনিধি দলটি বাংলাদেশের জন্য নবায়নযোগ্য জ্বালানি খাতে বড় বিনিয়োগের সম্ভাবনা নিয়ে আলোচনা করেন। রমজান মাসে বাজার স্থিতিশীল রাখতে সংশ্লিষ্ট সকলকে সহযোগিতার আহ্বান জানানো হয়েছে। ঢাকা অফিস সূত্রে জানা গেছে, বিভিন্ন জেলায় কর্মসূচি পালিত হবে এবং সাধারণ মানুষের সুবিধার্থে নানা উদ্যোগ নেওয়া হচ্ছে। সংশ্লিষ্ট কর্মকর্তারা জানান, প্রতিটি এলাকায় নিয়মিত তদারকি অব্যাহত থাকবে এবং প্রয়োজনীয় ব্যবস্থা গ্রহণ করা হবে। বাংলাদেশ সরকারের প্রধান উপদেষ্টা অধ্যাপক মুহাম্মদ ইউনূসের সঙ্গে সাক্ষাৎ করেছেন। প্রতিনিধি দলটি বাংলাদেশের জন্য নবায়নযোগ্য জ্বালানি খাতে বড় বিনিয়োগের সম্ভাবনা নিয়ে আলোচনা করেন। রমজান মাসে বাজার স্থিতিশীল রাখতে সংশ্লিষ্ট সকলকে সহযোগিতার আহ্বান জানানো হয়েছে। ঢাকা অফিস সূত্রে জানা গেছে, বিভিন্ন জেলায় কর্মসূচি পালিত হবে এবং সাধারণ মানুষের সুবিধার্থে নানা উদ্যোগ নেওয়া হচ্ছে। সংশ্লিষ্ট কর্মকর্তারা জানান, প্রতিটি এলাকায় নিয়মিত তদারকি অব্যাহত থাকবে এবং প্রয়োজনীয় ব্যবস্থা গ্রহণ করা হবে। বাংলাদেশ সরকারের প্রধান উপদেষ্টা অধ্যাপক মুহাম্মদ ইউনূসের সঙ্গে সাক্ষাৎ করেছেন। প্রতিনিধি দলটি বাংলাদেশের জন্য নবায়নযোগ্য জ্বালানি খাতে বড় বিনিয়োগের সম্ভাবনা নিয়ে আলোচনা করেন। রমজান মাসে বাজার স্থিতিশীল রাখতে সংশ্লিষ্ট সকলকে সহযোগিতার আহ্বান জানানো হয়েছে। ঢাকা অফিস সূত্রে জানা গেছে, বিভিন্ন জেলায় কর্মসূচি পালিত হবে এবং সাধারণ মানুষের সুবিধার্থে নানা উদ্যোগ নেওয়া হচ্ছে। সংশ্লিষ্ট কর্মকর্তারা জানান, প্রতিটি এলাকায় নিয়মিত তদারকি অব্যাহত থাকবে এবং প্রয়োজনীয় ব্যবস্থা গ্রহণ করা হবে।
